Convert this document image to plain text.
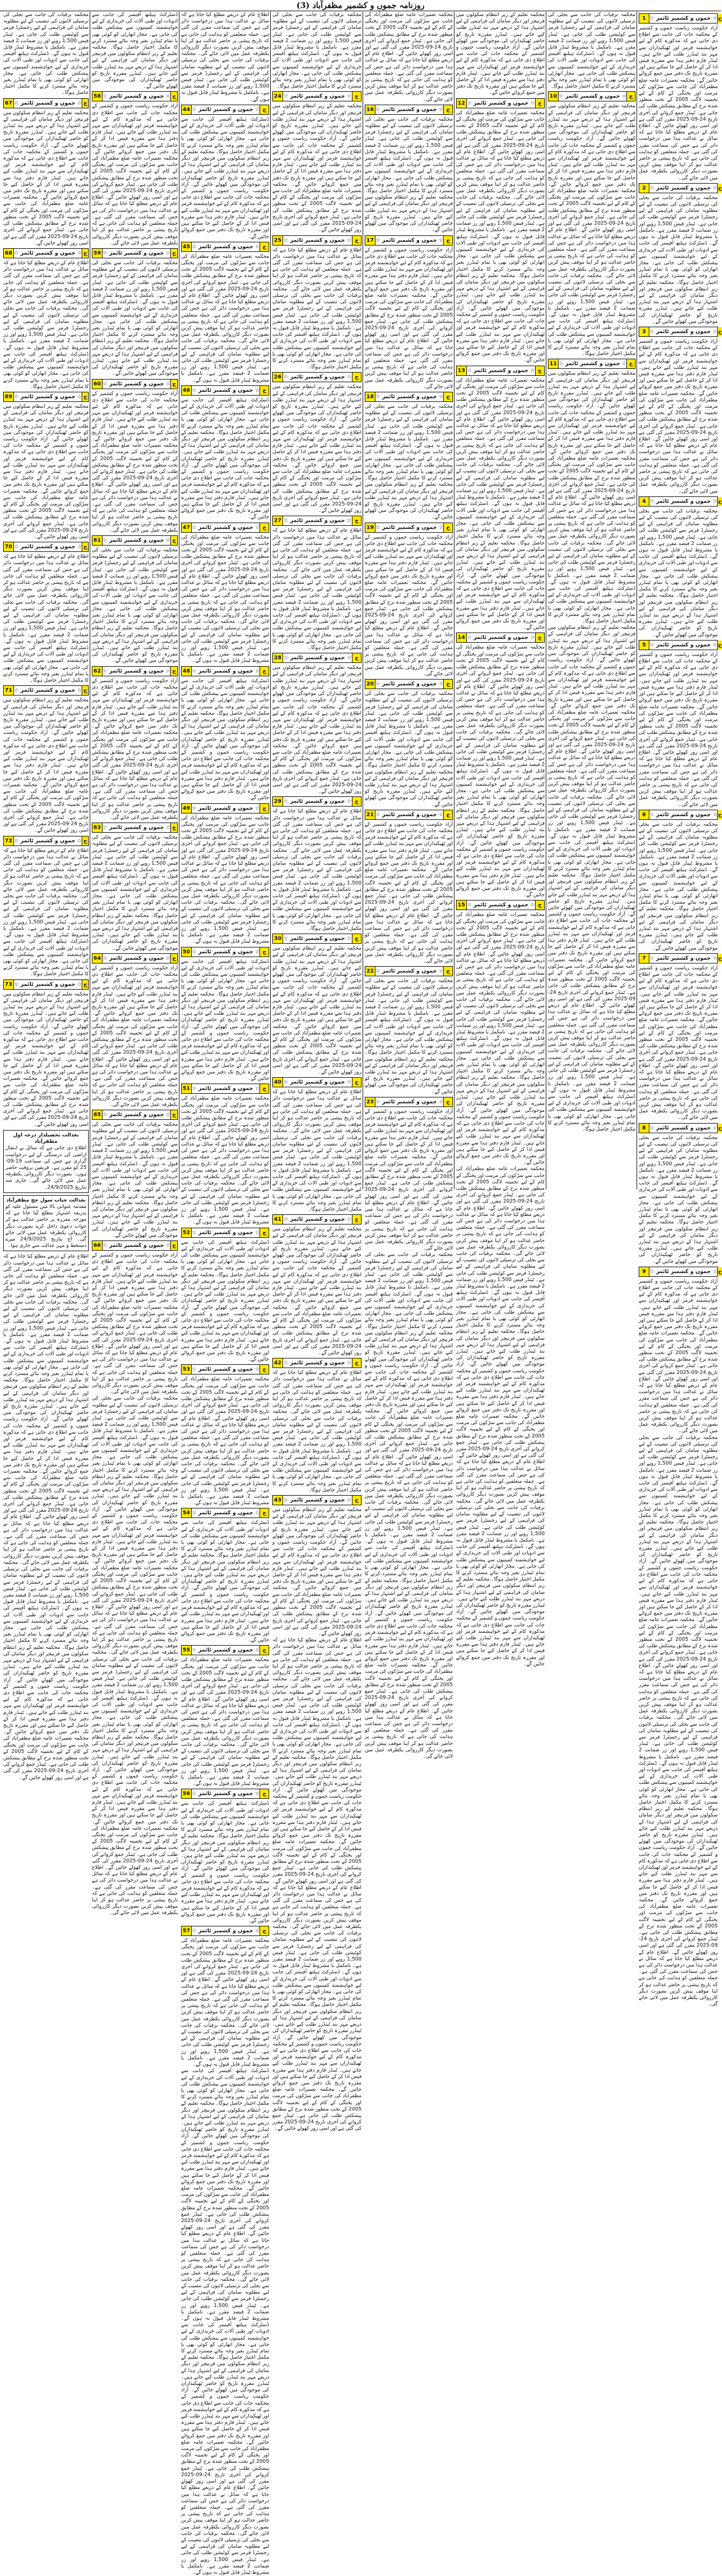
روزنامہ جموں و کشمیر مظفرآباد (3)
1 ☆ جموں و کشمیر ٹائمز ☆ ج
آزاد حکومت ریاست جموں و کشمیر کے محکمہ جات کی جانب سے اطلاع دی جاتی ہے کہ مذکورہ کام کے لیے خواہشمند فرمز اور ٹھیکیداران سے مہر بند ٹینڈرز طلب کیے جاتے ہیں۔ ٹینڈر فارم دفتر ہذا سے مقررہ فیس ادا کر کے حاصل کیے جا سکتے ہیں اور مقررہ تاریخ تک دفتر میں جمع کروائے جائیں گے۔ محکمہ تعمیرات عامہ ضلع مظفرآباد کی جانب سے سڑکوں کی مرمت اور پختگی کے کام کے لیے تخمینہ لاگت 2005 کے تحت منظور شدہ نرخ کے مطابق پیشکش طلب کی جاتی ہے۔ ٹینڈر جمع کروانے کی آخری تاریخ 24-09-2025 مقرر کی گئی ہے اور اسی روز کھولے جائیں گے۔ اطلاع عام کے ذریعے مطلع کیا جاتا ہے کہ سائل نے عدالت ہذا میں درخواست دائر کی ہے جس کی سماعت مقرر کی گئی ہے۔ جملہ متعلقین کو ہدایت کی جاتی ہے کہ تاریخ پیشی پر حاضر عدالت ہو کر اپنا موقف پیش کریں بصورت دیگر کارروائی یکطرفہ عمل میں لائی جائے گی۔
2 ☆ جموں و کشمیر ٹائمز ☆ ج
محکمہ برقیات کی جانب سے بجلی کی ترسیلی لائنوں کی تنصیب کے لیے مطلوبہ سامان کی فراہمی کے لیے رجسٹرڈ فرمز سے کوٹیشن طلب کی جاتی ہے۔ ٹینڈر فیس 1,500 روپے اور زر ضمانت 2 فیصد مقرر ہے۔ نامکمل یا مشروط ٹینڈر قابل قبول نہ ہوں گے۔ ڈسٹرکٹ ہیلتھ آفیسر کی جانب سے ادویات اور طبی آلات کی خریداری کے لیے خواہشمند کمپنیوں سے پیشکش طلب کی جاتی ہے۔ مجاز اتھارٹی کو کوئی بھی یا تمام ٹینڈرز بغیر وجہ بتائے مسترد کرنے کا مکمل اختیار حاصل ہوگا۔ محکمہ تعلیم کے زیر انتظام سکولوں میں فرنیچر اور دیگر سامان کی فراہمی کے لیے اشتہار ہذا کے ذریعے مہر بند ٹینڈرز طلب کیے جاتے ہیں۔ ٹینڈرز مقررہ تاریخ کو حاضر ٹھیکیداران کی موجودگی میں کھولے جائیں گے۔
3 ☆ جموں و کشمیر ٹائمز ☆ ج
آزاد حکومت ریاست جموں و کشمیر کے محکمہ جات کی جانب سے اطلاع دی جاتی ہے کہ مذکورہ کام کے لیے خواہشمند فرمز اور ٹھیکیداران سے مہر بند ٹینڈرز طلب کیے جاتے ہیں۔ ٹینڈر فارم دفتر ہذا سے مقررہ فیس ادا کر کے حاصل کیے جا سکتے ہیں اور مقررہ تاریخ تک دفتر میں جمع کروائے جائیں گے۔ محکمہ تعمیرات عامہ ضلع مظفرآباد کی جانب سے سڑکوں کی مرمت اور پختگی کے کام کے لیے تخمینہ لاگت 2005 کے تحت منظور شدہ نرخ کے مطابق پیشکش طلب کی جاتی ہے۔ ٹینڈر جمع کروانے کی آخری تاریخ 24-09-2025 مقرر کی گئی ہے اور اسی روز کھولے جائیں گے۔ اطلاع عام کے ذریعے مطلع کیا جاتا ہے کہ سائل نے عدالت ہذا میں درخواست دائر کی ہے جس کی سماعت مقرر کی گئی ہے۔ جملہ متعلقین کو ہدایت کی جاتی ہے کہ تاریخ پیشی پر حاضر عدالت ہو کر اپنا موقف پیش کریں بصورت دیگر کارروائی یکطرفہ عمل میں لائی جائے گی۔
4 ☆ جموں و کشمیر ٹائمز ☆ ج
محکمہ برقیات کی جانب سے بجلی کی ترسیلی لائنوں کی تنصیب کے لیے مطلوبہ سامان کی فراہمی کے لیے رجسٹرڈ فرمز سے کوٹیشن طلب کی جاتی ہے۔ ٹینڈر فیس 1,500 روپے اور زر ضمانت 2 فیصد مقرر ہے۔ نامکمل یا مشروط ٹینڈر قابل قبول نہ ہوں گے۔ ڈسٹرکٹ ہیلتھ آفیسر کی جانب سے ادویات اور طبی آلات کی خریداری کے لیے خواہشمند کمپنیوں سے پیشکش طلب کی جاتی ہے۔ مجاز اتھارٹی کو کوئی بھی یا تمام ٹینڈرز بغیر وجہ بتائے مسترد کرنے کا مکمل اختیار حاصل ہوگا۔ محکمہ تعلیم کے زیر انتظام سکولوں میں فرنیچر اور دیگر سامان کی فراہمی کے لیے اشتہار ہذا کے ذریعے مہر بند ٹینڈرز طلب کیے جاتے ہیں۔ ٹینڈرز مقررہ تاریخ کو حاضر ٹھیکیداران کی موجودگی میں کھولے جائیں گے۔
5 ☆ جموں و کشمیر ٹائمز ☆ ج
آزاد حکومت ریاست جموں و کشمیر کے محکمہ جات کی جانب سے اطلاع دی جاتی ہے کہ مذکورہ کام کے لیے خواہشمند فرمز اور ٹھیکیداران سے مہر بند ٹینڈرز طلب کیے جاتے ہیں۔ ٹینڈر فارم دفتر ہذا سے مقررہ فیس ادا کر کے حاصل کیے جا سکتے ہیں اور مقررہ تاریخ تک دفتر میں جمع کروائے جائیں گے۔ محکمہ تعمیرات عامہ ضلع مظفرآباد کی جانب سے سڑکوں کی مرمت اور پختگی کے کام کے لیے تخمینہ لاگت 2005 کے تحت منظور شدہ نرخ کے مطابق پیشکش طلب کی جاتی ہے۔ ٹینڈر جمع کروانے کی آخری تاریخ 24-09-2025 مقرر کی گئی ہے اور اسی روز کھولے جائیں گے۔ اطلاع عام کے ذریعے مطلع کیا جاتا ہے کہ سائل نے عدالت ہذا میں درخواست دائر کی ہے جس کی سماعت مقرر کی گئی ہے۔ جملہ متعلقین کو ہدایت کی جاتی ہے کہ تاریخ پیشی پر حاضر عدالت ہو کر اپنا موقف پیش کریں بصورت دیگر کارروائی یکطرفہ عمل میں لائی جائے گی۔
6 ☆ جموں و کشمیر ٹائمز ☆ ج
محکمہ برقیات کی جانب سے بجلی کی ترسیلی لائنوں کی تنصیب کے لیے مطلوبہ سامان کی فراہمی کے لیے رجسٹرڈ فرمز سے کوٹیشن طلب کی جاتی ہے۔ ٹینڈر فیس 1,500 روپے اور زر ضمانت 2 فیصد مقرر ہے۔ نامکمل یا مشروط ٹینڈر قابل قبول نہ ہوں گے۔ ڈسٹرکٹ ہیلتھ آفیسر کی جانب سے ادویات اور طبی آلات کی خریداری کے لیے خواہشمند کمپنیوں سے پیشکش طلب کی جاتی ہے۔ مجاز اتھارٹی کو کوئی بھی یا تمام ٹینڈرز بغیر وجہ بتائے مسترد کرنے کا مکمل اختیار حاصل ہوگا۔ محکمہ تعلیم کے زیر انتظام سکولوں میں فرنیچر اور دیگر سامان کی فراہمی کے لیے اشتہار ہذا کے ذریعے مہر بند ٹینڈرز طلب کیے جاتے ہیں۔ ٹینڈرز مقررہ تاریخ کو حاضر ٹھیکیداران کی موجودگی میں کھولے جائیں گے۔
7 ☆ جموں و کشمیر ٹائمز ☆ ج
آزاد حکومت ریاست جموں و کشمیر کے محکمہ جات کی جانب سے اطلاع دی جاتی ہے کہ مذکورہ کام کے لیے خواہشمند فرمز اور ٹھیکیداران سے مہر بند ٹینڈرز طلب کیے جاتے ہیں۔ ٹینڈر فارم دفتر ہذا سے مقررہ فیس ادا کر کے حاصل کیے جا سکتے ہیں اور مقررہ تاریخ تک دفتر میں جمع کروائے جائیں گے۔ محکمہ تعمیرات عامہ ضلع مظفرآباد کی جانب سے سڑکوں کی مرمت اور پختگی کے کام کے لیے تخمینہ لاگت 2005 کے تحت منظور شدہ نرخ کے مطابق پیشکش طلب کی جاتی ہے۔ ٹینڈر جمع کروانے کی آخری تاریخ 24-09-2025 مقرر کی گئی ہے اور اسی روز کھولے جائیں گے۔ اطلاع عام کے ذریعے مطلع کیا جاتا ہے کہ سائل نے عدالت ہذا میں درخواست دائر کی ہے جس کی سماعت مقرر کی گئی ہے۔ جملہ متعلقین کو ہدایت کی جاتی ہے کہ تاریخ پیشی پر حاضر عدالت ہو کر اپنا موقف پیش کریں بصورت دیگر کارروائی یکطرفہ عمل میں لائی جائے گی۔
8 ☆ جموں و کشمیر ٹائمز ☆ ج
محکمہ برقیات کی جانب سے بجلی کی ترسیلی لائنوں کی تنصیب کے لیے مطلوبہ سامان کی فراہمی کے لیے رجسٹرڈ فرمز سے کوٹیشن طلب کی جاتی ہے۔ ٹینڈر فیس 1,500 روپے اور زر ضمانت 2 فیصد مقرر ہے۔ نامکمل یا مشروط ٹینڈر قابل قبول نہ ہوں گے۔ ڈسٹرکٹ ہیلتھ آفیسر کی جانب سے ادویات اور طبی آلات کی خریداری کے لیے خواہشمند کمپنیوں سے پیشکش طلب کی جاتی ہے۔ مجاز اتھارٹی کو کوئی بھی یا تمام ٹینڈرز بغیر وجہ بتائے مسترد کرنے کا مکمل اختیار حاصل ہوگا۔ محکمہ تعلیم کے زیر انتظام سکولوں میں فرنیچر اور دیگر سامان کی فراہمی کے لیے اشتہار ہذا کے ذریعے مہر بند ٹینڈرز طلب کیے جاتے ہیں۔ ٹینڈرز مقررہ تاریخ کو حاضر ٹھیکیداران کی موجودگی میں کھولے جائیں گے۔
9 ☆ جموں و کشمیر ٹائمز ☆ ج
آزاد حکومت ریاست جموں و کشمیر کے محکمہ جات کی جانب سے اطلاع دی جاتی ہے کہ مذکورہ کام کے لیے خواہشمند فرمز اور ٹھیکیداران سے مہر بند ٹینڈرز طلب کیے جاتے ہیں۔ ٹینڈر فارم دفتر ہذا سے مقررہ فیس ادا کر کے حاصل کیے جا سکتے ہیں اور مقررہ تاریخ تک دفتر میں جمع کروائے جائیں گے۔ محکمہ تعمیرات عامہ ضلع مظفرآباد کی جانب سے سڑکوں کی مرمت اور پختگی کے کام کے لیے تخمینہ لاگت 2005 کے تحت منظور شدہ نرخ کے مطابق پیشکش طلب کی جاتی ہے۔ ٹینڈر جمع کروانے کی آخری تاریخ 24-09-2025 مقرر کی گئی ہے اور اسی روز کھولے جائیں گے۔ اطلاع عام کے ذریعے مطلع کیا جاتا ہے کہ سائل نے عدالت ہذا میں درخواست دائر کی ہے جس کی سماعت مقرر کی گئی ہے۔ جملہ متعلقین کو ہدایت کی جاتی ہے کہ تاریخ پیشی پر حاضر عدالت ہو کر اپنا موقف پیش کریں بصورت دیگر کارروائی یکطرفہ عمل میں لائی جائے گی۔
محکمہ برقیات کی جانب سے بجلی کی ترسیلی لائنوں کی تنصیب کے لیے مطلوبہ سامان کی فراہمی کے لیے رجسٹرڈ فرمز سے کوٹیشن طلب کی جاتی ہے۔ ٹینڈر فیس 1,500 روپے اور زر ضمانت 2 فیصد مقرر ہے۔ نامکمل یا مشروط ٹینڈر قابل قبول نہ ہوں گے۔ ڈسٹرکٹ ہیلتھ آفیسر کی جانب سے ادویات اور طبی آلات کی خریداری کے لیے خواہشمند کمپنیوں سے پیشکش طلب کی جاتی ہے۔ مجاز اتھارٹی کو کوئی بھی یا تمام ٹینڈرز بغیر وجہ بتائے مسترد کرنے کا مکمل اختیار حاصل ہوگا۔ محکمہ تعلیم کے زیر انتظام سکولوں میں فرنیچر اور دیگر سامان کی فراہمی کے لیے اشتہار ہذا کے ذریعے مہر بند ٹینڈرز طلب کیے جاتے ہیں۔ ٹینڈرز مقررہ تاریخ کو حاضر ٹھیکیداران کی موجودگی میں کھولے جائیں گے۔ آزاد حکومت ریاست جموں و کشمیر کے محکمہ جات کی جانب سے اطلاع دی جاتی ہے کہ مذکورہ کام کے لیے خواہشمند فرمز اور ٹھیکیداران سے مہر بند ٹینڈرز طلب کیے جاتے ہیں۔ ٹینڈر فارم دفتر ہذا سے مقررہ فیس ادا کر کے حاصل کیے جا سکتے ہیں اور مقررہ تاریخ تک دفتر میں جمع کروائے جائیں گے۔ محکمہ تعمیرات عامہ ضلع مظفرآباد کی جانب سے سڑکوں کی مرمت اور پختگی کے کام کے لیے تخمینہ لاگت 2005 کے تحت منظور شدہ نرخ کے مطابق پیشکش طلب کی جاتی ہے۔ ٹینڈر جمع کروانے کی آخری تاریخ 24-09-2025 مقرر کی گئی ہے اور اسی روز کھولے جائیں گے۔ اطلاع عام کے ذریعے مطلع کیا جاتا ہے کہ سائل نے عدالت ہذا میں درخواست دائر کی ہے جس کی سماعت مقرر کی گئی ہے۔ جملہ متعلقین کو ہدایت کی جاتی ہے کہ تاریخ پیشی پر حاضر عدالت ہو کر اپنا موقف پیش کریں بصورت دیگر کارروائی یکطرفہ عمل میں لائی جائے گی۔ محکمہ برقیات کی جانب سے بجلی کی ترسیلی لائنوں کی تنصیب کے لیے مطلوبہ سامان کی فراہمی کے لیے رجسٹرڈ فرمز سے کوٹیشن طلب کی جاتی ہے۔ ٹینڈر فیس 1,500 روپے اور زر ضمانت 2 فیصد مقرر ہے۔ نامکمل یا مشروط ٹینڈر قابل قبول نہ ہوں گے۔ ڈسٹرکٹ ہیلتھ آفیسر کی جانب سے ادویات اور طبی آلات کی خریداری کے لیے خواہشمند کمپنیوں سے پیشکش طلب کی جاتی ہے۔ مجاز اتھارٹی کو کوئی بھی یا تمام ٹینڈرز بغیر وجہ بتائے مسترد کرنے کا مکمل اختیار حاصل ہوگا۔ محکمہ تعلیم کے زیر انتظام سکولوں میں فرنیچر اور دیگر سامان کی فراہمی کے لیے اشتہار ہذا کے ذریعے مہر بند ٹینڈرز طلب کیے جاتے ہیں۔ ٹینڈرز مقررہ تاریخ کو حاضر ٹھیکیداران کی موجودگی میں کھولے جائیں گے۔ آزاد حکومت ریاست جموں و کشمیر کے محکمہ جات کی جانب سے اطلاع دی جاتی ہے کہ مذکورہ کام کے لیے خواہشمند فرمز اور ٹھیکیداران سے مہر بند ٹینڈرز طلب کیے جاتے ہیں۔ ٹینڈر فارم دفتر ہذا سے مقررہ فیس ادا کر کے حاصل کیے جا سکتے ہیں اور مقررہ تاریخ تک دفتر میں جمع کروائے جائیں گے۔ محکمہ تعمیرات عامہ ضلع مظفرآباد کی جانب سے سڑکوں کی مرمت اور پختگی کے کام کے لیے تخمینہ لاگت 2005 کے تحت منظور شدہ نرخ کے مطابق پیشکش طلب کی جاتی ہے۔ ٹینڈر جمع کروانے کی آخری تاریخ 24-09-2025 مقرر کی گئی ہے اور اسی روز کھولے جائیں گے۔ اطلاع عام کے ذریعے مطلع کیا جاتا ہے کہ سائل نے عدالت ہذا میں درخواست دائر کی ہے جس کی سماعت مقرر کی گئی ہے۔ جملہ متعلقین کو ہدایت کی جاتی ہے کہ تاریخ پیشی پر حاضر عدالت ہو کر اپنا موقف پیش کریں بصورت دیگر کارروائی یکطرفہ عمل میں لائی جائے گی۔
محکمہ برقیات کی جانب سے بجلی کی ترسیلی لائنوں کی تنصیب کے لیے مطلوبہ سامان کی فراہمی کے لیے رجسٹرڈ فرمز سے کوٹیشن طلب کی جاتی ہے۔ ٹینڈر فیس 1,500 روپے اور زر ضمانت 2 فیصد مقرر ہے۔ نامکمل یا مشروط ٹینڈر قابل قبول نہ ہوں گے۔ ڈسٹرکٹ ہیلتھ آفیسر کی جانب سے ادویات اور طبی آلات کی خریداری کے لیے خواہشمند کمپنیوں سے پیشکش طلب کی جاتی ہے۔ مجاز اتھارٹی کو کوئی بھی یا تمام ٹینڈرز بغیر وجہ بتائے مسترد کرنے کا مکمل اختیار حاصل ہوگا۔
10 ☆ جموں و کشمیر ٹائمز ☆ ج
محکمہ تعلیم کے زیر انتظام سکولوں میں فرنیچر اور دیگر سامان کی فراہمی کے لیے اشتہار ہذا کے ذریعے مہر بند ٹینڈرز طلب کیے جاتے ہیں۔ ٹینڈرز مقررہ تاریخ کو حاضر ٹھیکیداران کی موجودگی میں کھولے جائیں گے۔ آزاد حکومت ریاست جموں و کشمیر کے محکمہ جات کی جانب سے اطلاع دی جاتی ہے کہ مذکورہ کام کے لیے خواہشمند فرمز اور ٹھیکیداران سے مہر بند ٹینڈرز طلب کیے جاتے ہیں۔ ٹینڈر فارم دفتر ہذا سے مقررہ فیس ادا کر کے حاصل کیے جا سکتے ہیں اور مقررہ تاریخ تک دفتر میں جمع کروائے جائیں گے۔ محکمہ تعمیرات عامہ ضلع مظفرآباد کی جانب سے سڑکوں کی مرمت اور پختگی کے کام کے لیے تخمینہ لاگت 2005 کے تحت منظور شدہ نرخ کے مطابق پیشکش طلب کی جاتی ہے۔ ٹینڈر جمع کروانے کی آخری تاریخ 24-09-2025 مقرر کی گئی ہے اور اسی روز کھولے جائیں گے۔ اطلاع عام کے ذریعے مطلع کیا جاتا ہے کہ سائل نے عدالت ہذا میں درخواست دائر کی ہے جس کی سماعت مقرر کی گئی ہے۔ جملہ متعلقین کو ہدایت کی جاتی ہے کہ تاریخ پیشی پر حاضر عدالت ہو کر اپنا موقف پیش کریں بصورت دیگر کارروائی یکطرفہ عمل میں لائی جائے گی۔ محکمہ برقیات کی جانب سے بجلی کی ترسیلی لائنوں کی تنصیب کے لیے مطلوبہ سامان کی فراہمی کے لیے رجسٹرڈ فرمز سے کوٹیشن طلب کی جاتی ہے۔ ٹینڈر فیس 1,500 روپے اور زر ضمانت 2 فیصد مقرر ہے۔ نامکمل یا مشروط ٹینڈر قابل قبول نہ ہوں گے۔ ڈسٹرکٹ ہیلتھ آفیسر کی جانب سے ادویات اور طبی آلات کی خریداری کے لیے خواہشمند کمپنیوں سے پیشکش طلب کی جاتی ہے۔ مجاز اتھارٹی کو کوئی بھی یا تمام ٹینڈرز بغیر وجہ بتائے مسترد کرنے کا مکمل اختیار حاصل ہوگا۔
11 ☆ جموں و کشمیر ٹائمز ☆ ج
محکمہ تعلیم کے زیر انتظام سکولوں میں فرنیچر اور دیگر سامان کی فراہمی کے لیے اشتہار ہذا کے ذریعے مہر بند ٹینڈرز طلب کیے جاتے ہیں۔ ٹینڈرز مقررہ تاریخ کو حاضر ٹھیکیداران کی موجودگی میں کھولے جائیں گے۔ آزاد حکومت ریاست جموں و کشمیر کے محکمہ جات کی جانب سے اطلاع دی جاتی ہے کہ مذکورہ کام کے لیے خواہشمند فرمز اور ٹھیکیداران سے مہر بند ٹینڈرز طلب کیے جاتے ہیں۔ ٹینڈر فارم دفتر ہذا سے مقررہ فیس ادا کر کے حاصل کیے جا سکتے ہیں اور مقررہ تاریخ تک دفتر میں جمع کروائے جائیں گے۔ محکمہ تعمیرات عامہ ضلع مظفرآباد کی جانب سے سڑکوں کی مرمت اور پختگی کے کام کے لیے تخمینہ لاگت 2005 کے تحت منظور شدہ نرخ کے مطابق پیشکش طلب کی جاتی ہے۔ ٹینڈر جمع کروانے کی آخری تاریخ 24-09-2025 مقرر کی گئی ہے اور اسی روز کھولے جائیں گے۔ اطلاع عام کے ذریعے مطلع کیا جاتا ہے کہ سائل نے عدالت ہذا میں درخواست دائر کی ہے جس کی سماعت مقرر کی گئی ہے۔ جملہ متعلقین کو ہدایت کی جاتی ہے کہ تاریخ پیشی پر حاضر عدالت ہو کر اپنا موقف پیش کریں بصورت دیگر کارروائی یکطرفہ عمل میں لائی جائے گی۔ محکمہ برقیات کی جانب سے بجلی کی ترسیلی لائنوں کی تنصیب کے لیے مطلوبہ سامان کی فراہمی کے لیے رجسٹرڈ فرمز سے کوٹیشن طلب کی جاتی ہے۔ ٹینڈر فیس 1,500 روپے اور زر ضمانت 2 فیصد مقرر ہے۔ نامکمل یا مشروط ٹینڈر قابل قبول نہ ہوں گے۔ ڈسٹرکٹ ہیلتھ آفیسر کی جانب سے ادویات اور طبی آلات کی خریداری کے لیے خواہشمند کمپنیوں سے پیشکش طلب کی جاتی ہے۔ مجاز اتھارٹی کو کوئی بھی یا تمام ٹینڈرز بغیر وجہ بتائے مسترد کرنے کا مکمل اختیار حاصل ہوگا۔
محکمہ تعلیم کے زیر انتظام سکولوں میں فرنیچر اور دیگر سامان کی فراہمی کے لیے اشتہار ہذا کے ذریعے مہر بند ٹینڈرز طلب کیے جاتے ہیں۔ ٹینڈرز مقررہ تاریخ کو حاضر ٹھیکیداران کی موجودگی میں کھولے جائیں گے۔ آزاد حکومت ریاست جموں و کشمیر کے محکمہ جات کی جانب سے اطلاع دی جاتی ہے کہ مذکورہ کام کے لیے خواہشمند فرمز اور ٹھیکیداران سے مہر بند ٹینڈرز طلب کیے جاتے ہیں۔ ٹینڈر فارم دفتر ہذا سے مقررہ فیس ادا کر کے حاصل کیے جا سکتے ہیں اور مقررہ تاریخ تک دفتر میں جمع کروائے جائیں گے۔ محکمہ تعمیرات عامہ ضلع مظفرآباد کی جانب سے سڑکوں کی مرمت اور پختگی کے کام کے لیے تخمینہ لاگت 2005 کے تحت منظور شدہ نرخ کے مطابق پیشکش طلب کی جاتی ہے۔ ٹینڈر جمع کروانے کی آخری تاریخ 24-09-2025 مقرر کی گئی ہے اور اسی روز کھولے جائیں گے۔ اطلاع عام کے ذریعے مطلع کیا جاتا ہے کہ سائل نے عدالت ہذا میں درخواست دائر کی ہے جس کی سماعت مقرر کی گئی ہے۔ جملہ متعلقین کو ہدایت کی جاتی ہے کہ تاریخ پیشی پر حاضر عدالت ہو کر اپنا موقف پیش کریں بصورت دیگر کارروائی یکطرفہ عمل میں لائی جائے گی۔ محکمہ برقیات کی جانب سے بجلی کی ترسیلی لائنوں کی تنصیب کے لیے مطلوبہ سامان کی فراہمی کے لیے رجسٹرڈ فرمز سے کوٹیشن طلب کی جاتی ہے۔ ٹینڈر فیس 1,500 روپے اور زر ضمانت 2 فیصد مقرر ہے۔ نامکمل یا مشروط ٹینڈر قابل قبول نہ ہوں گے۔ ڈسٹرکٹ ہیلتھ آفیسر کی جانب سے ادویات اور طبی آلات کی خریداری کے لیے خواہشمند کمپنیوں سے پیشکش طلب کی جاتی ہے۔ مجاز اتھارٹی کو کوئی بھی یا تمام ٹینڈرز بغیر وجہ بتائے مسترد کرنے کا مکمل اختیار حاصل ہوگا۔ محکمہ تعلیم کے زیر انتظام سکولوں میں فرنیچر اور دیگر سامان کی فراہمی کے لیے اشتہار ہذا کے ذریعے مہر بند ٹینڈرز طلب کیے جاتے ہیں۔ ٹینڈرز مقررہ تاریخ کو حاضر ٹھیکیداران کی موجودگی میں کھولے جائیں گے۔ آزاد حکومت ریاست جموں و کشمیر کے محکمہ جات کی جانب سے اطلاع دی جاتی ہے کہ مذکورہ کام کے لیے خواہشمند فرمز اور ٹھیکیداران سے مہر بند ٹینڈرز طلب کیے جاتے ہیں۔ ٹینڈر فارم دفتر ہذا سے مقررہ فیس ادا کر کے حاصل کیے جا سکتے ہیں اور مقررہ تاریخ تک دفتر میں جمع کروائے جائیں گے۔ محکمہ تعمیرات عامہ ضلع مظفرآباد کی جانب سے سڑکوں کی مرمت اور پختگی کے کام کے لیے تخمینہ لاگت 2005 کے تحت منظور شدہ نرخ کے مطابق پیشکش طلب کی جاتی ہے۔ ٹینڈر جمع کروانے کی آخری تاریخ 24-09-2025 مقرر کی گئی ہے اور اسی روز کھولے جائیں گے۔ اطلاع عام کے ذریعے مطلع کیا جاتا ہے کہ سائل نے عدالت ہذا میں درخواست دائر کی ہے جس کی سماعت مقرر کی گئی ہے۔ جملہ متعلقین کو ہدایت کی جاتی ہے کہ تاریخ پیشی پر حاضر عدالت ہو کر اپنا موقف پیش کریں بصورت دیگر کارروائی یکطرفہ عمل میں لائی جائے گی۔ محکمہ برقیات کی جانب سے بجلی کی ترسیلی لائنوں کی تنصیب کے لیے مطلوبہ سامان کی فراہمی کے لیے رجسٹرڈ فرمز سے کوٹیشن طلب کی جاتی ہے۔ ٹینڈر فیس 1,500 روپے اور زر ضمانت 2 فیصد مقرر ہے۔ نامکمل یا مشروط ٹینڈر قابل قبول نہ ہوں گے۔ ڈسٹرکٹ ہیلتھ آفیسر کی جانب سے ادویات اور طبی آلات کی خریداری کے لیے خواہشمند کمپنیوں سے پیشکش طلب کی جاتی ہے۔ مجاز اتھارٹی کو کوئی بھی یا تمام ٹینڈرز بغیر وجہ بتائے مسترد کرنے کا مکمل اختیار حاصل ہوگا۔
محکمہ تعلیم کے زیر انتظام سکولوں میں فرنیچر اور دیگر سامان کی فراہمی کے لیے اشتہار ہذا کے ذریعے مہر بند ٹینڈرز طلب کیے جاتے ہیں۔ ٹینڈرز مقررہ تاریخ کو حاضر ٹھیکیداران کی موجودگی میں کھولے جائیں گے۔ آزاد حکومت ریاست جموں و کشمیر کے محکمہ جات کی جانب سے اطلاع دی جاتی ہے کہ مذکورہ کام کے لیے خواہشمند فرمز اور ٹھیکیداران سے مہر بند ٹینڈرز طلب کیے جاتے ہیں۔ ٹینڈر فارم دفتر ہذا سے مقررہ فیس ادا کر کے حاصل کیے جا سکتے ہیں اور مقررہ تاریخ تک دفتر میں جمع کروائے جائیں گے۔
12 ☆ جموں و کشمیر ٹائمز ☆ ج
محکمہ تعمیرات عامہ ضلع مظفرآباد کی جانب سے سڑکوں کی مرمت اور پختگی کے کام کے لیے تخمینہ لاگت 2005 کے تحت منظور شدہ نرخ کے مطابق پیشکش طلب کی جاتی ہے۔ ٹینڈر جمع کروانے کی آخری تاریخ 24-09-2025 مقرر کی گئی ہے اور اسی روز کھولے جائیں گے۔ اطلاع عام کے ذریعے مطلع کیا جاتا ہے کہ سائل نے عدالت ہذا میں درخواست دائر کی ہے جس کی سماعت مقرر کی گئی ہے۔ جملہ متعلقین کو ہدایت کی جاتی ہے کہ تاریخ پیشی پر حاضر عدالت ہو کر اپنا موقف پیش کریں بصورت دیگر کارروائی یکطرفہ عمل میں لائی جائے گی۔ محکمہ برقیات کی جانب سے بجلی کی ترسیلی لائنوں کی تنصیب کے لیے مطلوبہ سامان کی فراہمی کے لیے رجسٹرڈ فرمز سے کوٹیشن طلب کی جاتی ہے۔ ٹینڈر فیس 1,500 روپے اور زر ضمانت 2 فیصد مقرر ہے۔ نامکمل یا مشروط ٹینڈر قابل قبول نہ ہوں گے۔ ڈسٹرکٹ ہیلتھ آفیسر کی جانب سے ادویات اور طبی آلات کی خریداری کے لیے خواہشمند کمپنیوں سے پیشکش طلب کی جاتی ہے۔ مجاز اتھارٹی کو کوئی بھی یا تمام ٹینڈرز بغیر وجہ بتائے مسترد کرنے کا مکمل اختیار حاصل ہوگا۔ محکمہ تعلیم کے زیر انتظام سکولوں میں فرنیچر اور دیگر سامان کی فراہمی کے لیے اشتہار ہذا کے ذریعے مہر بند ٹینڈرز طلب کیے جاتے ہیں۔ ٹینڈرز مقررہ تاریخ کو حاضر ٹھیکیداران کی موجودگی میں کھولے جائیں گے۔ آزاد حکومت ریاست جموں و کشمیر کے محکمہ جات کی جانب سے اطلاع دی جاتی ہے کہ مذکورہ کام کے لیے خواہشمند فرمز اور ٹھیکیداران سے مہر بند ٹینڈرز طلب کیے جاتے ہیں۔ ٹینڈر فارم دفتر ہذا سے مقررہ فیس ادا کر کے حاصل کیے جا سکتے ہیں اور مقررہ تاریخ تک دفتر میں جمع کروائے جائیں گے۔
13 ☆ جموں و کشمیر ٹائمز ☆ ج
محکمہ تعمیرات عامہ ضلع مظفرآباد کی جانب سے سڑکوں کی مرمت اور پختگی کے کام کے لیے تخمینہ لاگت 2005 کے تحت منظور شدہ نرخ کے مطابق پیشکش طلب کی جاتی ہے۔ ٹینڈر جمع کروانے کی آخری تاریخ 24-09-2025 مقرر کی گئی ہے اور اسی روز کھولے جائیں گے۔ اطلاع عام کے ذریعے مطلع کیا جاتا ہے کہ سائل نے عدالت ہذا میں درخواست دائر کی ہے جس کی سماعت مقرر کی گئی ہے۔ جملہ متعلقین کو ہدایت کی جاتی ہے کہ تاریخ پیشی پر حاضر عدالت ہو کر اپنا موقف پیش کریں بصورت دیگر کارروائی یکطرفہ عمل میں لائی جائے گی۔ محکمہ برقیات کی جانب سے بجلی کی ترسیلی لائنوں کی تنصیب کے لیے مطلوبہ سامان کی فراہمی کے لیے رجسٹرڈ فرمز سے کوٹیشن طلب کی جاتی ہے۔ ٹینڈر فیس 1,500 روپے اور زر ضمانت 2 فیصد مقرر ہے۔ نامکمل یا مشروط ٹینڈر قابل قبول نہ ہوں گے۔ ڈسٹرکٹ ہیلتھ آفیسر کی جانب سے ادویات اور طبی آلات کی خریداری کے لیے خواہشمند کمپنیوں سے پیشکش طلب کی جاتی ہے۔ مجاز اتھارٹی کو کوئی بھی یا تمام ٹینڈرز بغیر وجہ بتائے مسترد کرنے کا مکمل اختیار حاصل ہوگا۔ محکمہ تعلیم کے زیر انتظام سکولوں میں فرنیچر اور دیگر سامان کی فراہمی کے لیے اشتہار ہذا کے ذریعے مہر بند ٹینڈرز طلب کیے جاتے ہیں۔ ٹینڈرز مقررہ تاریخ کو حاضر ٹھیکیداران کی موجودگی میں کھولے جائیں گے۔ آزاد حکومت ریاست جموں و کشمیر کے محکمہ جات کی جانب سے اطلاع دی جاتی ہے کہ مذکورہ کام کے لیے خواہشمند فرمز اور ٹھیکیداران سے مہر بند ٹینڈرز طلب کیے جاتے ہیں۔ ٹینڈر فارم دفتر ہذا سے مقررہ فیس ادا کر کے حاصل کیے جا سکتے ہیں اور مقررہ تاریخ تک دفتر میں جمع کروائے جائیں گے۔
14 ☆ جموں و کشمیر ٹائمز ☆ ج
محکمہ تعمیرات عامہ ضلع مظفرآباد کی جانب سے سڑکوں کی مرمت اور پختگی کے کام کے لیے تخمینہ لاگت 2005 کے تحت منظور شدہ نرخ کے مطابق پیشکش طلب کی جاتی ہے۔ ٹینڈر جمع کروانے کی آخری تاریخ 24-09-2025 مقرر کی گئی ہے اور اسی روز کھولے جائیں گے۔ اطلاع عام کے ذریعے مطلع کیا جاتا ہے کہ سائل نے عدالت ہذا میں درخواست دائر کی ہے جس کی سماعت مقرر کی گئی ہے۔ جملہ متعلقین کو ہدایت کی جاتی ہے کہ تاریخ پیشی پر حاضر عدالت ہو کر اپنا موقف پیش کریں بصورت دیگر کارروائی یکطرفہ عمل میں لائی جائے گی۔ محکمہ برقیات کی جانب سے بجلی کی ترسیلی لائنوں کی تنصیب کے لیے مطلوبہ سامان کی فراہمی کے لیے رجسٹرڈ فرمز سے کوٹیشن طلب کی جاتی ہے۔ ٹینڈر فیس 1,500 روپے اور زر ضمانت 2 فیصد مقرر ہے۔ نامکمل یا مشروط ٹینڈر قابل قبول نہ ہوں گے۔ ڈسٹرکٹ ہیلتھ آفیسر کی جانب سے ادویات اور طبی آلات کی خریداری کے لیے خواہشمند کمپنیوں سے پیشکش طلب کی جاتی ہے۔ مجاز اتھارٹی کو کوئی بھی یا تمام ٹینڈرز بغیر وجہ بتائے مسترد کرنے کا مکمل اختیار حاصل ہوگا۔ محکمہ تعلیم کے زیر انتظام سکولوں میں فرنیچر اور دیگر سامان کی فراہمی کے لیے اشتہار ہذا کے ذریعے مہر بند ٹینڈرز طلب کیے جاتے ہیں۔ ٹینڈرز مقررہ تاریخ کو حاضر ٹھیکیداران کی موجودگی میں کھولے جائیں گے۔ آزاد حکومت ریاست جموں و کشمیر کے محکمہ جات کی جانب سے اطلاع دی جاتی ہے کہ مذکورہ کام کے لیے خواہشمند فرمز اور ٹھیکیداران سے مہر بند ٹینڈرز طلب کیے جاتے ہیں۔ ٹینڈر فارم دفتر ہذا سے مقررہ فیس ادا کر کے حاصل کیے جا سکتے ہیں اور مقررہ تاریخ تک دفتر میں جمع کروائے جائیں گے۔
15 ☆ جموں و کشمیر ٹائمز ☆ ج
محکمہ تعمیرات عامہ ضلع مظفرآباد کی جانب سے سڑکوں کی مرمت اور پختگی کے کام کے لیے تخمینہ لاگت 2005 کے تحت منظور شدہ نرخ کے مطابق پیشکش طلب کی جاتی ہے۔ ٹینڈر جمع کروانے کی آخری تاریخ 24-09-2025 مقرر کی گئی ہے اور اسی روز کھولے جائیں گے۔ اطلاع عام کے ذریعے مطلع کیا جاتا ہے کہ سائل نے عدالت ہذا میں درخواست دائر کی ہے جس کی سماعت مقرر کی گئی ہے۔ جملہ متعلقین کو ہدایت کی جاتی ہے کہ تاریخ پیشی پر حاضر عدالت ہو کر اپنا موقف پیش کریں بصورت دیگر کارروائی یکطرفہ عمل میں لائی جائے گی۔ محکمہ برقیات کی جانب سے بجلی کی ترسیلی لائنوں کی تنصیب کے لیے مطلوبہ سامان کی فراہمی کے لیے رجسٹرڈ فرمز سے کوٹیشن طلب کی جاتی ہے۔ ٹینڈر فیس 1,500 روپے اور زر ضمانت 2 فیصد مقرر ہے۔ نامکمل یا مشروط ٹینڈر قابل قبول نہ ہوں گے۔ ڈسٹرکٹ ہیلتھ آفیسر کی جانب سے ادویات اور طبی آلات کی خریداری کے لیے خواہشمند کمپنیوں سے پیشکش طلب کی جاتی ہے۔ مجاز اتھارٹی کو کوئی بھی یا تمام ٹینڈرز بغیر وجہ بتائے مسترد کرنے کا مکمل اختیار حاصل ہوگا۔ محکمہ تعلیم کے زیر انتظام سکولوں میں فرنیچر اور دیگر سامان کی فراہمی کے لیے اشتہار ہذا کے ذریعے مہر بند ٹینڈرز طلب کیے جاتے ہیں۔ ٹینڈرز مقررہ تاریخ کو حاضر ٹھیکیداران کی موجودگی میں کھولے جائیں گے۔ آزاد حکومت ریاست جموں و کشمیر کے محکمہ جات کی جانب سے اطلاع دی جاتی ہے کہ مذکورہ کام کے لیے خواہشمند فرمز اور ٹھیکیداران سے مہر بند ٹینڈرز طلب کیے جاتے ہیں۔ ٹینڈر فارم دفتر ہذا سے مقررہ فیس ادا کر کے حاصل کیے جا سکتے ہیں اور مقررہ تاریخ تک دفتر میں جمع کروائے جائیں گے۔
محکمہ تعمیرات عامہ ضلع مظفرآباد کی جانب سے سڑکوں کی مرمت اور پختگی کے کام کے لیے تخمینہ لاگت 2005 کے تحت منظور شدہ نرخ کے مطابق پیشکش طلب کی جاتی ہے۔ ٹینڈر جمع کروانے کی آخری تاریخ 24-09-2025 مقرر کی گئی ہے اور اسی روز کھولے جائیں گے۔ اطلاع عام کے ذریعے مطلع کیا جاتا ہے کہ سائل نے عدالت ہذا میں درخواست دائر کی ہے جس کی سماعت مقرر کی گئی ہے۔ جملہ متعلقین کو ہدایت کی جاتی ہے کہ تاریخ پیشی پر حاضر عدالت ہو کر اپنا موقف پیش کریں بصورت دیگر کارروائی یکطرفہ عمل میں لائی جائے گی۔ محکمہ برقیات کی جانب سے بجلی کی ترسیلی لائنوں کی تنصیب کے لیے مطلوبہ سامان کی فراہمی کے لیے رجسٹرڈ فرمز سے کوٹیشن طلب کی جاتی ہے۔ ٹینڈر فیس 1,500 روپے اور زر ضمانت 2 فیصد مقرر ہے۔ نامکمل یا مشروط ٹینڈر قابل قبول نہ ہوں گے۔ ڈسٹرکٹ ہیلتھ آفیسر کی جانب سے ادویات اور طبی آلات کی خریداری کے لیے خواہشمند کمپنیوں سے پیشکش طلب کی جاتی ہے۔ مجاز اتھارٹی کو کوئی بھی یا تمام ٹینڈرز بغیر وجہ بتائے مسترد کرنے کا مکمل اختیار حاصل ہوگا۔ محکمہ تعلیم کے زیر انتظام سکولوں میں فرنیچر اور دیگر سامان کی فراہمی کے لیے اشتہار ہذا کے ذریعے مہر بند ٹینڈرز طلب کیے جاتے ہیں۔ ٹینڈرز مقررہ تاریخ کو حاضر ٹھیکیداران کی موجودگی میں کھولے جائیں گے۔ آزاد حکومت ریاست جموں و کشمیر کے محکمہ جات کی جانب سے اطلاع دی جاتی ہے کہ مذکورہ کام کے لیے خواہشمند فرمز اور ٹھیکیداران سے مہر بند ٹینڈرز طلب کیے جاتے ہیں۔ ٹینڈر فارم دفتر ہذا سے مقررہ فیس ادا کر کے حاصل کیے جا سکتے ہیں اور مقررہ تاریخ تک دفتر میں جمع کروائے جائیں گے۔ محکمہ تعمیرات عامہ ضلع مظفرآباد کی جانب سے سڑکوں کی مرمت اور پختگی کے کام کے لیے تخمینہ لاگت 2005 کے تحت منظور شدہ نرخ کے مطابق پیشکش طلب کی جاتی ہے۔ ٹینڈر جمع کروانے کی آخری تاریخ 24-09-2025 مقرر کی گئی ہے اور اسی روز کھولے جائیں گے۔ اطلاع عام کے ذریعے مطلع کیا جاتا ہے کہ سائل نے عدالت ہذا میں درخواست دائر کی ہے جس کی سماعت مقرر کی گئی ہے۔ جملہ متعلقین کو ہدایت کی جاتی ہے کہ تاریخ پیشی پر حاضر عدالت ہو کر اپنا موقف پیش کریں بصورت دیگر کارروائی یکطرفہ عمل میں لائی جائے گی۔ محکمہ برقیات کی جانب سے بجلی کی ترسیلی لائنوں کی تنصیب کے لیے مطلوبہ سامان کی فراہمی کے لیے رجسٹرڈ فرمز سے کوٹیشن طلب کی جاتی ہے۔ ٹینڈر فیس 1,500 روپے اور زر ضمانت 2 فیصد مقرر ہے۔ نامکمل یا مشروط ٹینڈر قابل قبول نہ ہوں گے۔ ڈسٹرکٹ ہیلتھ آفیسر کی جانب سے ادویات اور طبی آلات کی خریداری کے لیے خواہشمند کمپنیوں سے پیشکش طلب کی جاتی ہے۔ مجاز اتھارٹی کو کوئی بھی یا تمام ٹینڈرز بغیر وجہ بتائے مسترد کرنے کا مکمل اختیار حاصل ہوگا۔ محکمہ تعلیم کے زیر انتظام سکولوں میں فرنیچر اور دیگر سامان کی فراہمی کے لیے اشتہار ہذا کے ذریعے مہر بند ٹینڈرز طلب کیے جاتے ہیں۔ ٹینڈرز مقررہ تاریخ کو حاضر ٹھیکیداران کی موجودگی میں کھولے جائیں گے۔ آزاد حکومت ریاست جموں و کشمیر کے محکمہ جات کی جانب سے اطلاع دی جاتی ہے کہ مذکورہ کام کے لیے خواہشمند فرمز اور ٹھیکیداران سے مہر بند ٹینڈرز طلب کیے جاتے ہیں۔ ٹینڈر فارم دفتر ہذا سے مقررہ فیس ادا کر کے حاصل کیے جا سکتے ہیں اور مقررہ تاریخ تک دفتر میں جمع کروائے جائیں گے۔
محکمہ تعمیرات عامہ ضلع مظفرآباد کی جانب سے سڑکوں کی مرمت اور پختگی کے کام کے لیے تخمینہ لاگت 2005 کے تحت منظور شدہ نرخ کے مطابق پیشکش طلب کی جاتی ہے۔ ٹینڈر جمع کروانے کی آخری تاریخ 24-09-2025 مقرر کی گئی ہے اور اسی روز کھولے جائیں گے۔ اطلاع عام کے ذریعے مطلع کیا جاتا ہے کہ سائل نے عدالت ہذا میں درخواست دائر کی ہے جس کی سماعت مقرر کی گئی ہے۔ جملہ متعلقین کو ہدایت کی جاتی ہے کہ تاریخ پیشی پر حاضر عدالت ہو کر اپنا موقف پیش کریں بصورت دیگر کارروائی یکطرفہ عمل میں لائی جائے گی۔
16 ☆ جموں و کشمیر ٹائمز ☆ ج
محکمہ برقیات کی جانب سے بجلی کی ترسیلی لائنوں کی تنصیب کے لیے مطلوبہ سامان کی فراہمی کے لیے رجسٹرڈ فرمز سے کوٹیشن طلب کی جاتی ہے۔ ٹینڈر فیس 1,500 روپے اور زر ضمانت 2 فیصد مقرر ہے۔ نامکمل یا مشروط ٹینڈر قابل قبول نہ ہوں گے۔ ڈسٹرکٹ ہیلتھ آفیسر کی جانب سے ادویات اور طبی آلات کی خریداری کے لیے خواہشمند کمپنیوں سے پیشکش طلب کی جاتی ہے۔ مجاز اتھارٹی کو کوئی بھی یا تمام ٹینڈرز بغیر وجہ بتائے مسترد کرنے کا مکمل اختیار حاصل ہوگا۔ محکمہ تعلیم کے زیر انتظام سکولوں میں فرنیچر اور دیگر سامان کی فراہمی کے لیے اشتہار ہذا کے ذریعے مہر بند ٹینڈرز طلب کیے جاتے ہیں۔ ٹینڈرز مقررہ تاریخ کو حاضر ٹھیکیداران کی موجودگی میں کھولے جائیں گے۔
17 ☆ جموں و کشمیر ٹائمز ☆ ج
آزاد حکومت ریاست جموں و کشمیر کے محکمہ جات کی جانب سے اطلاع دی جاتی ہے کہ مذکورہ کام کے لیے خواہشمند فرمز اور ٹھیکیداران سے مہر بند ٹینڈرز طلب کیے جاتے ہیں۔ ٹینڈر فارم دفتر ہذا سے مقررہ فیس ادا کر کے حاصل کیے جا سکتے ہیں اور مقررہ تاریخ تک دفتر میں جمع کروائے جائیں گے۔ محکمہ تعمیرات عامہ ضلع مظفرآباد کی جانب سے سڑکوں کی مرمت اور پختگی کے کام کے لیے تخمینہ لاگت 2005 کے تحت منظور شدہ نرخ کے مطابق پیشکش طلب کی جاتی ہے۔ ٹینڈر جمع کروانے کی آخری تاریخ 24-09-2025 مقرر کی گئی ہے اور اسی روز کھولے جائیں گے۔ اطلاع عام کے ذریعے مطلع کیا جاتا ہے کہ سائل نے عدالت ہذا میں درخواست دائر کی ہے جس کی سماعت مقرر کی گئی ہے۔ جملہ متعلقین کو ہدایت کی جاتی ہے کہ تاریخ پیشی پر حاضر عدالت ہو کر اپنا موقف پیش کریں بصورت دیگر کارروائی یکطرفہ عمل میں لائی جائے گی۔
18 ☆ جموں و کشمیر ٹائمز ☆ ج
محکمہ برقیات کی جانب سے بجلی کی ترسیلی لائنوں کی تنصیب کے لیے مطلوبہ سامان کی فراہمی کے لیے رجسٹرڈ فرمز سے کوٹیشن طلب کی جاتی ہے۔ ٹینڈر فیس 1,500 روپے اور زر ضمانت 2 فیصد مقرر ہے۔ نامکمل یا مشروط ٹینڈر قابل قبول نہ ہوں گے۔ ڈسٹرکٹ ہیلتھ آفیسر کی جانب سے ادویات اور طبی آلات کی خریداری کے لیے خواہشمند کمپنیوں سے پیشکش طلب کی جاتی ہے۔ مجاز اتھارٹی کو کوئی بھی یا تمام ٹینڈرز بغیر وجہ بتائے مسترد کرنے کا مکمل اختیار حاصل ہوگا۔ محکمہ تعلیم کے زیر انتظام سکولوں میں فرنیچر اور دیگر سامان کی فراہمی کے لیے اشتہار ہذا کے ذریعے مہر بند ٹینڈرز طلب کیے جاتے ہیں۔ ٹینڈرز مقررہ تاریخ کو حاضر ٹھیکیداران کی موجودگی میں کھولے جائیں گے۔
19 ☆ جموں و کشمیر ٹائمز ☆ ج
آزاد حکومت ریاست جموں و کشمیر کے محکمہ جات کی جانب سے اطلاع دی جاتی ہے کہ مذکورہ کام کے لیے خواہشمند فرمز اور ٹھیکیداران سے مہر بند ٹینڈرز طلب کیے جاتے ہیں۔ ٹینڈر فارم دفتر ہذا سے مقررہ فیس ادا کر کے حاصل کیے جا سکتے ہیں اور مقررہ تاریخ تک دفتر میں جمع کروائے جائیں گے۔ محکمہ تعمیرات عامہ ضلع مظفرآباد کی جانب سے سڑکوں کی مرمت اور پختگی کے کام کے لیے تخمینہ لاگت 2005 کے تحت منظور شدہ نرخ کے مطابق پیشکش طلب کی جاتی ہے۔ ٹینڈر جمع کروانے کی آخری تاریخ 24-09-2025 مقرر کی گئی ہے اور اسی روز کھولے جائیں گے۔ اطلاع عام کے ذریعے مطلع کیا جاتا ہے کہ سائل نے عدالت ہذا میں درخواست دائر کی ہے جس کی سماعت مقرر کی گئی ہے۔ جملہ متعلقین کو ہدایت کی جاتی ہے کہ تاریخ پیشی پر حاضر عدالت ہو کر اپنا موقف پیش کریں بصورت دیگر کارروائی یکطرفہ عمل میں لائی جائے گی۔
20 ☆ جموں و کشمیر ٹائمز ☆ ج
محکمہ برقیات کی جانب سے بجلی کی ترسیلی لائنوں کی تنصیب کے لیے مطلوبہ سامان کی فراہمی کے لیے رجسٹرڈ فرمز سے کوٹیشن طلب کی جاتی ہے۔ ٹینڈر فیس 1,500 روپے اور زر ضمانت 2 فیصد مقرر ہے۔ نامکمل یا مشروط ٹینڈر قابل قبول نہ ہوں گے۔ ڈسٹرکٹ ہیلتھ آفیسر کی جانب سے ادویات اور طبی آلات کی خریداری کے لیے خواہشمند کمپنیوں سے پیشکش طلب کی جاتی ہے۔ مجاز اتھارٹی کو کوئی بھی یا تمام ٹینڈرز بغیر وجہ بتائے مسترد کرنے کا مکمل اختیار حاصل ہوگا۔ محکمہ تعلیم کے زیر انتظام سکولوں میں فرنیچر اور دیگر سامان کی فراہمی کے لیے اشتہار ہذا کے ذریعے مہر بند ٹینڈرز طلب کیے جاتے ہیں۔ ٹینڈرز مقررہ تاریخ کو حاضر ٹھیکیداران کی موجودگی میں کھولے جائیں گے۔
21 ☆ جموں و کشمیر ٹائمز ☆ ج
آزاد حکومت ریاست جموں و کشمیر کے محکمہ جات کی جانب سے اطلاع دی جاتی ہے کہ مذکورہ کام کے لیے خواہشمند فرمز اور ٹھیکیداران سے مہر بند ٹینڈرز طلب کیے جاتے ہیں۔ ٹینڈر فارم دفتر ہذا سے مقررہ فیس ادا کر کے حاصل کیے جا سکتے ہیں اور مقررہ تاریخ تک دفتر میں جمع کروائے جائیں گے۔ محکمہ تعمیرات عامہ ضلع مظفرآباد کی جانب سے سڑکوں کی مرمت اور پختگی کے کام کے لیے تخمینہ لاگت 2005 کے تحت منظور شدہ نرخ کے مطابق پیشکش طلب کی جاتی ہے۔ ٹینڈر جمع کروانے کی آخری تاریخ 24-09-2025 مقرر کی گئی ہے اور اسی روز کھولے جائیں گے۔ اطلاع عام کے ذریعے مطلع کیا جاتا ہے کہ سائل نے عدالت ہذا میں درخواست دائر کی ہے جس کی سماعت مقرر کی گئی ہے۔ جملہ متعلقین کو ہدایت کی جاتی ہے کہ تاریخ پیشی پر حاضر عدالت ہو کر اپنا موقف پیش کریں بصورت دیگر کارروائی یکطرفہ عمل میں لائی جائے گی۔
22 ☆ جموں و کشمیر ٹائمز ☆ ج
محکمہ برقیات کی جانب سے بجلی کی ترسیلی لائنوں کی تنصیب کے لیے مطلوبہ سامان کی فراہمی کے لیے رجسٹرڈ فرمز سے کوٹیشن طلب کی جاتی ہے۔ ٹینڈر فیس 1,500 روپے اور زر ضمانت 2 فیصد مقرر ہے۔ نامکمل یا مشروط ٹینڈر قابل قبول نہ ہوں گے۔ ڈسٹرکٹ ہیلتھ آفیسر کی جانب سے ادویات اور طبی آلات کی خریداری کے لیے خواہشمند کمپنیوں سے پیشکش طلب کی جاتی ہے۔ مجاز اتھارٹی کو کوئی بھی یا تمام ٹینڈرز بغیر وجہ بتائے مسترد کرنے کا مکمل اختیار حاصل ہوگا۔ محکمہ تعلیم کے زیر انتظام سکولوں میں فرنیچر اور دیگر سامان کی فراہمی کے لیے اشتہار ہذا کے ذریعے مہر بند ٹینڈرز طلب کیے جاتے ہیں۔ ٹینڈرز مقررہ تاریخ کو حاضر ٹھیکیداران کی موجودگی میں کھولے جائیں گے۔
23 ☆ جموں و کشمیر ٹائمز ☆ ج
آزاد حکومت ریاست جموں و کشمیر کے محکمہ جات کی جانب سے اطلاع دی جاتی ہے کہ مذکورہ کام کے لیے خواہشمند فرمز اور ٹھیکیداران سے مہر بند ٹینڈرز طلب کیے جاتے ہیں۔ ٹینڈر فارم دفتر ہذا سے مقررہ فیس ادا کر کے حاصل کیے جا سکتے ہیں اور مقررہ تاریخ تک دفتر میں جمع کروائے جائیں گے۔ محکمہ تعمیرات عامہ ضلع مظفرآباد کی جانب سے سڑکوں کی مرمت اور پختگی کے کام کے لیے تخمینہ لاگت 2005 کے تحت منظور شدہ نرخ کے مطابق پیشکش طلب کی جاتی ہے۔ ٹینڈر جمع کروانے کی آخری تاریخ 24-09-2025 مقرر کی گئی ہے اور اسی روز کھولے جائیں گے۔ اطلاع عام کے ذریعے مطلع کیا جاتا ہے کہ سائل نے عدالت ہذا میں درخواست دائر کی ہے جس کی سماعت مقرر کی گئی ہے۔ جملہ متعلقین کو ہدایت کی جاتی ہے کہ تاریخ پیشی پر حاضر عدالت ہو کر اپنا موقف پیش کریں بصورت دیگر کارروائی یکطرفہ عمل میں لائی جائے گی۔
محکمہ برقیات کی جانب سے بجلی کی ترسیلی لائنوں کی تنصیب کے لیے مطلوبہ سامان کی فراہمی کے لیے رجسٹرڈ فرمز سے کوٹیشن طلب کی جاتی ہے۔ ٹینڈر فیس 1,500 روپے اور زر ضمانت 2 فیصد مقرر ہے۔ نامکمل یا مشروط ٹینڈر قابل قبول نہ ہوں گے۔ ڈسٹرکٹ ہیلتھ آفیسر کی جانب سے ادویات اور طبی آلات کی خریداری کے لیے خواہشمند کمپنیوں سے پیشکش طلب کی جاتی ہے۔ مجاز اتھارٹی کو کوئی بھی یا تمام ٹینڈرز بغیر وجہ بتائے مسترد کرنے کا مکمل اختیار حاصل ہوگا۔ محکمہ تعلیم کے زیر انتظام سکولوں میں فرنیچر اور دیگر سامان کی فراہمی کے لیے اشتہار ہذا کے ذریعے مہر بند ٹینڈرز طلب کیے جاتے ہیں۔ ٹینڈرز مقررہ تاریخ کو حاضر ٹھیکیداران کی موجودگی میں کھولے جائیں گے۔ آزاد حکومت ریاست جموں و کشمیر کے محکمہ جات کی جانب سے اطلاع دی جاتی ہے کہ مذکورہ کام کے لیے خواہشمند فرمز اور ٹھیکیداران سے مہر بند ٹینڈرز طلب کیے جاتے ہیں۔ ٹینڈر فارم دفتر ہذا سے مقررہ فیس ادا کر کے حاصل کیے جا سکتے ہیں اور مقررہ تاریخ تک دفتر میں جمع کروائے جائیں گے۔ محکمہ تعمیرات عامہ ضلع مظفرآباد کی جانب سے سڑکوں کی مرمت اور پختگی کے کام کے لیے تخمینہ لاگت 2005 کے تحت منظور شدہ نرخ کے مطابق پیشکش طلب کی جاتی ہے۔ ٹینڈر جمع کروانے کی آخری تاریخ 24-09-2025 مقرر کی گئی ہے اور اسی روز کھولے جائیں گے۔ اطلاع عام کے ذریعے مطلع کیا جاتا ہے کہ سائل نے عدالت ہذا میں درخواست دائر کی ہے جس کی سماعت مقرر کی گئی ہے۔ جملہ متعلقین کو ہدایت کی جاتی ہے کہ تاریخ پیشی پر حاضر عدالت ہو کر اپنا موقف پیش کریں بصورت دیگر کارروائی یکطرفہ عمل میں لائی جائے گی۔ محکمہ برقیات کی جانب سے بجلی کی ترسیلی لائنوں کی تنصیب کے لیے مطلوبہ سامان کی فراہمی کے لیے رجسٹرڈ فرمز سے کوٹیشن طلب کی جاتی ہے۔ ٹینڈر فیس 1,500 روپے اور زر ضمانت 2 فیصد مقرر ہے۔ نامکمل یا مشروط ٹینڈر قابل قبول نہ ہوں گے۔ ڈسٹرکٹ ہیلتھ آفیسر کی جانب سے ادویات اور طبی آلات کی خریداری کے لیے خواہشمند کمپنیوں سے پیشکش طلب کی جاتی ہے۔ مجاز اتھارٹی کو کوئی بھی یا تمام ٹینڈرز بغیر وجہ بتائے مسترد کرنے کا مکمل اختیار حاصل ہوگا۔ محکمہ تعلیم کے زیر انتظام سکولوں میں فرنیچر اور دیگر سامان کی فراہمی کے لیے اشتہار ہذا کے ذریعے مہر بند ٹینڈرز طلب کیے جاتے ہیں۔ ٹینڈرز مقررہ تاریخ کو حاضر ٹھیکیداران کی موجودگی میں کھولے جائیں گے۔ آزاد حکومت ریاست جموں و کشمیر کے محکمہ جات کی جانب سے اطلاع دی جاتی ہے کہ مذکورہ کام کے لیے خواہشمند فرمز اور ٹھیکیداران سے مہر بند ٹینڈرز طلب کیے جاتے ہیں۔ ٹینڈر فارم دفتر ہذا سے مقررہ فیس ادا کر کے حاصل کیے جا سکتے ہیں اور مقررہ تاریخ تک دفتر میں جمع کروائے جائیں گے۔ محکمہ تعمیرات عامہ ضلع مظفرآباد کی جانب سے سڑکوں کی مرمت اور پختگی کے کام کے لیے تخمینہ لاگت 2005 کے تحت منظور شدہ نرخ کے مطابق پیشکش طلب کی جاتی ہے۔ ٹینڈر جمع کروانے کی آخری تاریخ 24-09-2025 مقرر کی گئی ہے اور اسی روز کھولے جائیں گے۔ اطلاع عام کے ذریعے مطلع کیا جاتا ہے کہ سائل نے عدالت ہذا میں درخواست دائر کی ہے جس کی سماعت مقرر کی گئی ہے۔ جملہ متعلقین کو ہدایت کی جاتی ہے کہ تاریخ پیشی پر حاضر عدالت ہو کر اپنا موقف پیش کریں بصورت دیگر کارروائی یکطرفہ عمل میں لائی جائے گی۔
محکمہ برقیات کی جانب سے بجلی کی ترسیلی لائنوں کی تنصیب کے لیے مطلوبہ سامان کی فراہمی کے لیے رجسٹرڈ فرمز سے کوٹیشن طلب کی جاتی ہے۔ ٹینڈر فیس 1,500 روپے اور زر ضمانت 2 فیصد مقرر ہے۔ نامکمل یا مشروط ٹینڈر قابل قبول نہ ہوں گے۔ ڈسٹرکٹ ہیلتھ آفیسر کی جانب سے ادویات اور طبی آلات کی خریداری کے لیے خواہشمند کمپنیوں سے پیشکش طلب کی جاتی ہے۔ مجاز اتھارٹی کو کوئی بھی یا تمام ٹینڈرز بغیر وجہ بتائے مسترد کرنے کا مکمل اختیار حاصل ہوگا۔
24 ☆ جموں و کشمیر ٹائمز ☆ ج
محکمہ تعلیم کے زیر انتظام سکولوں میں فرنیچر اور دیگر سامان کی فراہمی کے لیے اشتہار ہذا کے ذریعے مہر بند ٹینڈرز طلب کیے جاتے ہیں۔ ٹینڈرز مقررہ تاریخ کو حاضر ٹھیکیداران کی موجودگی میں کھولے جائیں گے۔ آزاد حکومت ریاست جموں و کشمیر کے محکمہ جات کی جانب سے اطلاع دی جاتی ہے کہ مذکورہ کام کے لیے خواہشمند فرمز اور ٹھیکیداران سے مہر بند ٹینڈرز طلب کیے جاتے ہیں۔ ٹینڈر فارم دفتر ہذا سے مقررہ فیس ادا کر کے حاصل کیے جا سکتے ہیں اور مقررہ تاریخ تک دفتر میں جمع کروائے جائیں گے۔ محکمہ تعمیرات عامہ ضلع مظفرآباد کی جانب سے سڑکوں کی مرمت اور پختگی کے کام کے لیے تخمینہ لاگت 2005 کے تحت منظور شدہ نرخ کے مطابق پیشکش طلب کی جاتی ہے۔ ٹینڈر جمع کروانے کی آخری تاریخ 24-09-2025 مقرر کی گئی ہے اور اسی روز کھولے جائیں گے۔
25 ☆ جموں و کشمیر ٹائمز ☆ ج
اطلاع عام کے ذریعے مطلع کیا جاتا ہے کہ سائل نے عدالت ہذا میں درخواست دائر کی ہے جس کی سماعت مقرر کی گئی ہے۔ جملہ متعلقین کو ہدایت کی جاتی ہے کہ تاریخ پیشی پر حاضر عدالت ہو کر اپنا موقف پیش کریں بصورت دیگر کارروائی یکطرفہ عمل میں لائی جائے گی۔ محکمہ برقیات کی جانب سے بجلی کی ترسیلی لائنوں کی تنصیب کے لیے مطلوبہ سامان کی فراہمی کے لیے رجسٹرڈ فرمز سے کوٹیشن طلب کی جاتی ہے۔ ٹینڈر فیس 1,500 روپے اور زر ضمانت 2 فیصد مقرر ہے۔ نامکمل یا مشروط ٹینڈر قابل قبول نہ ہوں گے۔ ڈسٹرکٹ ہیلتھ آفیسر کی جانب سے ادویات اور طبی آلات کی خریداری کے لیے خواہشمند کمپنیوں سے پیشکش طلب کی جاتی ہے۔ مجاز اتھارٹی کو کوئی بھی یا تمام ٹینڈرز بغیر وجہ بتائے مسترد کرنے کا مکمل اختیار حاصل ہوگا۔
26 ☆ جموں و کشمیر ٹائمز ☆ ج
محکمہ تعلیم کے زیر انتظام سکولوں میں فرنیچر اور دیگر سامان کی فراہمی کے لیے اشتہار ہذا کے ذریعے مہر بند ٹینڈرز طلب کیے جاتے ہیں۔ ٹینڈرز مقررہ تاریخ کو حاضر ٹھیکیداران کی موجودگی میں کھولے جائیں گے۔ آزاد حکومت ریاست جموں و کشمیر کے محکمہ جات کی جانب سے اطلاع دی جاتی ہے کہ مذکورہ کام کے لیے خواہشمند فرمز اور ٹھیکیداران سے مہر بند ٹینڈرز طلب کیے جاتے ہیں۔ ٹینڈر فارم دفتر ہذا سے مقررہ فیس ادا کر کے حاصل کیے جا سکتے ہیں اور مقررہ تاریخ تک دفتر میں جمع کروائے جائیں گے۔ محکمہ تعمیرات عامہ ضلع مظفرآباد کی جانب سے سڑکوں کی مرمت اور پختگی کے کام کے لیے تخمینہ لاگت 2005 کے تحت منظور شدہ نرخ کے مطابق پیشکش طلب کی جاتی ہے۔ ٹینڈر جمع کروانے کی آخری تاریخ 24-09-2025 مقرر کی گئی ہے اور اسی روز کھولے جائیں گے۔
27 ☆ جموں و کشمیر ٹائمز ☆ ج
اطلاع عام کے ذریعے مطلع کیا جاتا ہے کہ سائل نے عدالت ہذا میں درخواست دائر کی ہے جس کی سماعت مقرر کی گئی ہے۔ جملہ متعلقین کو ہدایت کی جاتی ہے کہ تاریخ پیشی پر حاضر عدالت ہو کر اپنا موقف پیش کریں بصورت دیگر کارروائی یکطرفہ عمل میں لائی جائے گی۔ محکمہ برقیات کی جانب سے بجلی کی ترسیلی لائنوں کی تنصیب کے لیے مطلوبہ سامان کی فراہمی کے لیے رجسٹرڈ فرمز سے کوٹیشن طلب کی جاتی ہے۔ ٹینڈر فیس 1,500 روپے اور زر ضمانت 2 فیصد مقرر ہے۔ نامکمل یا مشروط ٹینڈر قابل قبول نہ ہوں گے۔ ڈسٹرکٹ ہیلتھ آفیسر کی جانب سے ادویات اور طبی آلات کی خریداری کے لیے خواہشمند کمپنیوں سے پیشکش طلب کی جاتی ہے۔ مجاز اتھارٹی کو کوئی بھی یا تمام ٹینڈرز بغیر وجہ بتائے مسترد کرنے کا مکمل اختیار حاصل ہوگا۔
28 ☆ جموں و کشمیر ٹائمز ☆ ج
محکمہ تعلیم کے زیر انتظام سکولوں میں فرنیچر اور دیگر سامان کی فراہمی کے لیے اشتہار ہذا کے ذریعے مہر بند ٹینڈرز طلب کیے جاتے ہیں۔ ٹینڈرز مقررہ تاریخ کو حاضر ٹھیکیداران کی موجودگی میں کھولے جائیں گے۔ آزاد حکومت ریاست جموں و کشمیر کے محکمہ جات کی جانب سے اطلاع دی جاتی ہے کہ مذکورہ کام کے لیے خواہشمند فرمز اور ٹھیکیداران سے مہر بند ٹینڈرز طلب کیے جاتے ہیں۔ ٹینڈر فارم دفتر ہذا سے مقررہ فیس ادا کر کے حاصل کیے جا سکتے ہیں اور مقررہ تاریخ تک دفتر میں جمع کروائے جائیں گے۔ محکمہ تعمیرات عامہ ضلع مظفرآباد کی جانب سے سڑکوں کی مرمت اور پختگی کے کام کے لیے تخمینہ لاگت 2005 کے تحت منظور شدہ نرخ کے مطابق پیشکش طلب کی جاتی ہے۔ ٹینڈر جمع کروانے کی آخری تاریخ 24-09-2025 مقرر کی گئی ہے اور اسی روز کھولے جائیں گے۔
29 ☆ جموں و کشمیر ٹائمز ☆ ج
اطلاع عام کے ذریعے مطلع کیا جاتا ہے کہ سائل نے عدالت ہذا میں درخواست دائر کی ہے جس کی سماعت مقرر کی گئی ہے۔ جملہ متعلقین کو ہدایت کی جاتی ہے کہ تاریخ پیشی پر حاضر عدالت ہو کر اپنا موقف پیش کریں بصورت دیگر کارروائی یکطرفہ عمل میں لائی جائے گی۔ محکمہ برقیات کی جانب سے بجلی کی ترسیلی لائنوں کی تنصیب کے لیے مطلوبہ سامان کی فراہمی کے لیے رجسٹرڈ فرمز سے کوٹیشن طلب کی جاتی ہے۔ ٹینڈر فیس 1,500 روپے اور زر ضمانت 2 فیصد مقرر ہے۔ نامکمل یا مشروط ٹینڈر قابل قبول نہ ہوں گے۔ ڈسٹرکٹ ہیلتھ آفیسر کی جانب سے ادویات اور طبی آلات کی خریداری کے لیے خواہشمند کمپنیوں سے پیشکش طلب کی جاتی ہے۔ مجاز اتھارٹی کو کوئی بھی یا تمام ٹینڈرز بغیر وجہ بتائے مسترد کرنے کا مکمل اختیار حاصل ہوگا۔
30 ☆ جموں و کشمیر ٹائمز ☆ ج
محکمہ تعلیم کے زیر انتظام سکولوں میں فرنیچر اور دیگر سامان کی فراہمی کے لیے اشتہار ہذا کے ذریعے مہر بند ٹینڈرز طلب کیے جاتے ہیں۔ ٹینڈرز مقررہ تاریخ کو حاضر ٹھیکیداران کی موجودگی میں کھولے جائیں گے۔ آزاد حکومت ریاست جموں و کشمیر کے محکمہ جات کی جانب سے اطلاع دی جاتی ہے کہ مذکورہ کام کے لیے خواہشمند فرمز اور ٹھیکیداران سے مہر بند ٹینڈرز طلب کیے جاتے ہیں۔ ٹینڈر فارم دفتر ہذا سے مقررہ فیس ادا کر کے حاصل کیے جا سکتے ہیں اور مقررہ تاریخ تک دفتر میں جمع کروائے جائیں گے۔ محکمہ تعمیرات عامہ ضلع مظفرآباد کی جانب سے سڑکوں کی مرمت اور پختگی کے کام کے لیے تخمینہ لاگت 2005 کے تحت منظور شدہ نرخ کے مطابق پیشکش طلب کی جاتی ہے۔ ٹینڈر جمع کروانے کی آخری تاریخ 24-09-2025 مقرر کی گئی ہے اور اسی روز کھولے جائیں گے۔
40 ☆ جموں و کشمیر ٹائمز ☆ ج
اطلاع عام کے ذریعے مطلع کیا جاتا ہے کہ سائل نے عدالت ہذا میں درخواست دائر کی ہے جس کی سماعت مقرر کی گئی ہے۔ جملہ متعلقین کو ہدایت کی جاتی ہے کہ تاریخ پیشی پر حاضر عدالت ہو کر اپنا موقف پیش کریں بصورت دیگر کارروائی یکطرفہ عمل میں لائی جائے گی۔ محکمہ برقیات کی جانب سے بجلی کی ترسیلی لائنوں کی تنصیب کے لیے مطلوبہ سامان کی فراہمی کے لیے رجسٹرڈ فرمز سے کوٹیشن طلب کی جاتی ہے۔ ٹینڈر فیس 1,500 روپے اور زر ضمانت 2 فیصد مقرر ہے۔ نامکمل یا مشروط ٹینڈر قابل قبول نہ ہوں گے۔ ڈسٹرکٹ ہیلتھ آفیسر کی جانب سے ادویات اور طبی آلات کی خریداری کے لیے خواہشمند کمپنیوں سے پیشکش طلب کی جاتی ہے۔ مجاز اتھارٹی کو کوئی بھی یا تمام ٹینڈرز بغیر وجہ بتائے مسترد کرنے کا مکمل اختیار حاصل ہوگا۔
41 ☆ جموں و کشمیر ٹائمز ☆ ج
محکمہ تعلیم کے زیر انتظام سکولوں میں فرنیچر اور دیگر سامان کی فراہمی کے لیے اشتہار ہذا کے ذریعے مہر بند ٹینڈرز طلب کیے جاتے ہیں۔ ٹینڈرز مقررہ تاریخ کو حاضر ٹھیکیداران کی موجودگی میں کھولے جائیں گے۔ آزاد حکومت ریاست جموں و کشمیر کے محکمہ جات کی جانب سے اطلاع دی جاتی ہے کہ مذکورہ کام کے لیے خواہشمند فرمز اور ٹھیکیداران سے مہر بند ٹینڈرز طلب کیے جاتے ہیں۔ ٹینڈر فارم دفتر ہذا سے مقررہ فیس ادا کر کے حاصل کیے جا سکتے ہیں اور مقررہ تاریخ تک دفتر میں جمع کروائے جائیں گے۔ محکمہ تعمیرات عامہ ضلع مظفرآباد کی جانب سے سڑکوں کی مرمت اور پختگی کے کام کے لیے تخمینہ لاگت 2005 کے تحت منظور شدہ نرخ کے مطابق پیشکش طلب کی جاتی ہے۔ ٹینڈر جمع کروانے کی آخری تاریخ 24-09-2025 مقرر کی گئی ہے اور اسی روز کھولے جائیں گے۔
42 ☆ جموں و کشمیر ٹائمز ☆ ج
اطلاع عام کے ذریعے مطلع کیا جاتا ہے کہ سائل نے عدالت ہذا میں درخواست دائر کی ہے جس کی سماعت مقرر کی گئی ہے۔ جملہ متعلقین کو ہدایت کی جاتی ہے کہ تاریخ پیشی پر حاضر عدالت ہو کر اپنا موقف پیش کریں بصورت دیگر کارروائی یکطرفہ عمل میں لائی جائے گی۔ محکمہ برقیات کی جانب سے بجلی کی ترسیلی لائنوں کی تنصیب کے لیے مطلوبہ سامان کی فراہمی کے لیے رجسٹرڈ فرمز سے کوٹیشن طلب کی جاتی ہے۔ ٹینڈر فیس 1,500 روپے اور زر ضمانت 2 فیصد مقرر ہے۔ نامکمل یا مشروط ٹینڈر قابل قبول نہ ہوں گے۔ ڈسٹرکٹ ہیلتھ آفیسر کی جانب سے ادویات اور طبی آلات کی خریداری کے لیے خواہشمند کمپنیوں سے پیشکش طلب کی جاتی ہے۔ مجاز اتھارٹی کو کوئی بھی یا تمام ٹینڈرز بغیر وجہ بتائے مسترد کرنے کا مکمل اختیار حاصل ہوگا۔
43 ☆ جموں و کشمیر ٹائمز ☆ ج
محکمہ تعلیم کے زیر انتظام سکولوں میں فرنیچر اور دیگر سامان کی فراہمی کے لیے اشتہار ہذا کے ذریعے مہر بند ٹینڈرز طلب کیے جاتے ہیں۔ ٹینڈرز مقررہ تاریخ کو حاضر ٹھیکیداران کی موجودگی میں کھولے جائیں گے۔ آزاد حکومت ریاست جموں و کشمیر کے محکمہ جات کی جانب سے اطلاع دی جاتی ہے کہ مذکورہ کام کے لیے خواہشمند فرمز اور ٹھیکیداران سے مہر بند ٹینڈرز طلب کیے جاتے ہیں۔ ٹینڈر فارم دفتر ہذا سے مقررہ فیس ادا کر کے حاصل کیے جا سکتے ہیں اور مقررہ تاریخ تک دفتر میں جمع کروائے جائیں گے۔ محکمہ تعمیرات عامہ ضلع مظفرآباد کی جانب سے سڑکوں کی مرمت اور پختگی کے کام کے لیے تخمینہ لاگت 2005 کے تحت منظور شدہ نرخ کے مطابق پیشکش طلب کی جاتی ہے۔ ٹینڈر جمع کروانے کی آخری تاریخ 24-09-2025 مقرر کی گئی ہے اور اسی روز کھولے جائیں گے۔
اطلاع عام کے ذریعے مطلع کیا جاتا ہے کہ سائل نے عدالت ہذا میں درخواست دائر کی ہے جس کی سماعت مقرر کی گئی ہے۔ جملہ متعلقین کو ہدایت کی جاتی ہے کہ تاریخ پیشی پر حاضر عدالت ہو کر اپنا موقف پیش کریں بصورت دیگر کارروائی یکطرفہ عمل میں لائی جائے گی۔ محکمہ برقیات کی جانب سے بجلی کی ترسیلی لائنوں کی تنصیب کے لیے مطلوبہ سامان کی فراہمی کے لیے رجسٹرڈ فرمز سے کوٹیشن طلب کی جاتی ہے۔ ٹینڈر فیس 1,500 روپے اور زر ضمانت 2 فیصد مقرر ہے۔ نامکمل یا مشروط ٹینڈر قابل قبول نہ ہوں گے۔ ڈسٹرکٹ ہیلتھ آفیسر کی جانب سے ادویات اور طبی آلات کی خریداری کے لیے خواہشمند کمپنیوں سے پیشکش طلب کی جاتی ہے۔ مجاز اتھارٹی کو کوئی بھی یا تمام ٹینڈرز بغیر وجہ بتائے مسترد کرنے کا مکمل اختیار حاصل ہوگا۔ محکمہ تعلیم کے زیر انتظام سکولوں میں فرنیچر اور دیگر سامان کی فراہمی کے لیے اشتہار ہذا کے ذریعے مہر بند ٹینڈرز طلب کیے جاتے ہیں۔ ٹینڈرز مقررہ تاریخ کو حاضر ٹھیکیداران کی موجودگی میں کھولے جائیں گے۔ آزاد حکومت ریاست جموں و کشمیر کے محکمہ جات کی جانب سے اطلاع دی جاتی ہے کہ مذکورہ کام کے لیے خواہشمند فرمز اور ٹھیکیداران سے مہر بند ٹینڈرز طلب کیے جاتے ہیں۔ ٹینڈر فارم دفتر ہذا سے مقررہ فیس ادا کر کے حاصل کیے جا سکتے ہیں اور مقررہ تاریخ تک دفتر میں جمع کروائے جائیں گے۔ محکمہ تعمیرات عامہ ضلع مظفرآباد کی جانب سے سڑکوں کی مرمت اور پختگی کے کام کے لیے تخمینہ لاگت 2005 کے تحت منظور شدہ نرخ کے مطابق پیشکش طلب کی جاتی ہے۔ ٹینڈر جمع کروانے کی آخری تاریخ 24-09-2025 مقرر کی گئی ہے اور اسی روز کھولے جائیں گے۔ اطلاع عام کے ذریعے مطلع کیا جاتا ہے کہ سائل نے عدالت ہذا میں درخواست دائر کی ہے جس کی سماعت مقرر کی گئی ہے۔ جملہ متعلقین کو ہدایت کی جاتی ہے کہ تاریخ پیشی پر حاضر عدالت ہو کر اپنا موقف پیش کریں بصورت دیگر کارروائی یکطرفہ عمل میں لائی جائے گی۔ محکمہ برقیات کی جانب سے بجلی کی ترسیلی لائنوں کی تنصیب کے لیے مطلوبہ سامان کی فراہمی کے لیے رجسٹرڈ فرمز سے کوٹیشن طلب کی جاتی ہے۔ ٹینڈر فیس 1,500 روپے اور زر ضمانت 2 فیصد مقرر ہے۔ نامکمل یا مشروط ٹینڈر قابل قبول نہ ہوں گے۔ ڈسٹرکٹ ہیلتھ آفیسر کی جانب سے ادویات اور طبی آلات کی خریداری کے لیے خواہشمند کمپنیوں سے پیشکش طلب کی جاتی ہے۔ مجاز اتھارٹی کو کوئی بھی یا تمام ٹینڈرز بغیر وجہ بتائے مسترد کرنے کا مکمل اختیار حاصل ہوگا۔ محکمہ تعلیم کے زیر انتظام سکولوں میں فرنیچر اور دیگر سامان کی فراہمی کے لیے اشتہار ہذا کے ذریعے مہر بند ٹینڈرز طلب کیے جاتے ہیں۔ ٹینڈرز مقررہ تاریخ کو حاضر ٹھیکیداران کی موجودگی میں کھولے جائیں گے۔ آزاد حکومت ریاست جموں و کشمیر کے محکمہ جات کی جانب سے اطلاع دی جاتی ہے کہ مذکورہ کام کے لیے خواہشمند فرمز اور ٹھیکیداران سے مہر بند ٹینڈرز طلب کیے جاتے ہیں۔ ٹینڈر فارم دفتر ہذا سے مقررہ فیس ادا کر کے حاصل کیے جا سکتے ہیں اور مقررہ تاریخ تک دفتر میں جمع کروائے جائیں گے۔ محکمہ تعمیرات عامہ ضلع مظفرآباد کی جانب سے سڑکوں کی مرمت اور پختگی کے کام کے لیے تخمینہ لاگت 2005 کے تحت منظور شدہ نرخ کے مطابق پیشکش طلب کی جاتی ہے۔ ٹینڈر جمع کروانے کی آخری تاریخ 24-09-2025 مقرر کی گئی ہے اور اسی روز کھولے جائیں گے۔
اطلاع عام کے ذریعے مطلع کیا جاتا ہے کہ سائل نے عدالت ہذا میں درخواست دائر کی ہے جس کی سماعت مقرر کی گئی ہے۔ جملہ متعلقین کو ہدایت کی جاتی ہے کہ تاریخ پیشی پر حاضر عدالت ہو کر اپنا موقف پیش کریں بصورت دیگر کارروائی یکطرفہ عمل میں لائی جائے گی۔ محکمہ برقیات کی جانب سے بجلی کی ترسیلی لائنوں کی تنصیب کے لیے مطلوبہ سامان کی فراہمی کے لیے رجسٹرڈ فرمز سے کوٹیشن طلب کی جاتی ہے۔ ٹینڈر فیس 1,500 روپے اور زر ضمانت 2 فیصد مقرر ہے۔ نامکمل یا مشروط ٹینڈر قابل قبول نہ ہوں گے۔
44 ☆ جموں و کشمیر ٹائمز ☆ ج
ڈسٹرکٹ ہیلتھ آفیسر کی جانب سے ادویات اور طبی آلات کی خریداری کے لیے خواہشمند کمپنیوں سے پیشکش طلب کی جاتی ہے۔ مجاز اتھارٹی کو کوئی بھی یا تمام ٹینڈرز بغیر وجہ بتائے مسترد کرنے کا مکمل اختیار حاصل ہوگا۔ محکمہ تعلیم کے زیر انتظام سکولوں میں فرنیچر اور دیگر سامان کی فراہمی کے لیے اشتہار ہذا کے ذریعے مہر بند ٹینڈرز طلب کیے جاتے ہیں۔ ٹینڈرز مقررہ تاریخ کو حاضر ٹھیکیداران کی موجودگی میں کھولے جائیں گے۔ آزاد حکومت ریاست جموں و کشمیر کے محکمہ جات کی جانب سے اطلاع دی جاتی ہے کہ مذکورہ کام کے لیے خواہشمند فرمز اور ٹھیکیداران سے مہر بند ٹینڈرز طلب کیے جاتے ہیں۔ ٹینڈر فارم دفتر ہذا سے مقررہ فیس ادا کر کے حاصل کیے جا سکتے ہیں اور مقررہ تاریخ تک دفتر میں جمع کروائے جائیں گے۔
45 ☆ جموں و کشمیر ٹائمز ☆ ج
محکمہ تعمیرات عامہ ضلع مظفرآباد کی جانب سے سڑکوں کی مرمت اور پختگی کے کام کے لیے تخمینہ لاگت 2005 کے تحت منظور شدہ نرخ کے مطابق پیشکش طلب کی جاتی ہے۔ ٹینڈر جمع کروانے کی آخری تاریخ 24-09-2025 مقرر کی گئی ہے اور اسی روز کھولے جائیں گے۔ اطلاع عام کے ذریعے مطلع کیا جاتا ہے کہ سائل نے عدالت ہذا میں درخواست دائر کی ہے جس کی سماعت مقرر کی گئی ہے۔ جملہ متعلقین کو ہدایت کی جاتی ہے کہ تاریخ پیشی پر حاضر عدالت ہو کر اپنا موقف پیش کریں بصورت دیگر کارروائی یکطرفہ عمل میں لائی جائے گی۔ محکمہ برقیات کی جانب سے بجلی کی ترسیلی لائنوں کی تنصیب کے لیے مطلوبہ سامان کی فراہمی کے لیے رجسٹرڈ فرمز سے کوٹیشن طلب کی جاتی ہے۔ ٹینڈر فیس 1,500 روپے اور زر ضمانت 2 فیصد مقرر ہے۔ نامکمل یا مشروط ٹینڈر قابل قبول نہ ہوں گے۔
46 ☆ جموں و کشمیر ٹائمز ☆ ج
ڈسٹرکٹ ہیلتھ آفیسر کی جانب سے ادویات اور طبی آلات کی خریداری کے لیے خواہشمند کمپنیوں سے پیشکش طلب کی جاتی ہے۔ مجاز اتھارٹی کو کوئی بھی یا تمام ٹینڈرز بغیر وجہ بتائے مسترد کرنے کا مکمل اختیار حاصل ہوگا۔ محکمہ تعلیم کے زیر انتظام سکولوں میں فرنیچر اور دیگر سامان کی فراہمی کے لیے اشتہار ہذا کے ذریعے مہر بند ٹینڈرز طلب کیے جاتے ہیں۔ ٹینڈرز مقررہ تاریخ کو حاضر ٹھیکیداران کی موجودگی میں کھولے جائیں گے۔ آزاد حکومت ریاست جموں و کشمیر کے محکمہ جات کی جانب سے اطلاع دی جاتی ہے کہ مذکورہ کام کے لیے خواہشمند فرمز اور ٹھیکیداران سے مہر بند ٹینڈرز طلب کیے جاتے ہیں۔ ٹینڈر فارم دفتر ہذا سے مقررہ فیس ادا کر کے حاصل کیے جا سکتے ہیں اور مقررہ تاریخ تک دفتر میں جمع کروائے جائیں گے۔
47 ☆ جموں و کشمیر ٹائمز ☆ ج
محکمہ تعمیرات عامہ ضلع مظفرآباد کی جانب سے سڑکوں کی مرمت اور پختگی کے کام کے لیے تخمینہ لاگت 2005 کے تحت منظور شدہ نرخ کے مطابق پیشکش طلب کی جاتی ہے۔ ٹینڈر جمع کروانے کی آخری تاریخ 24-09-2025 مقرر کی گئی ہے اور اسی روز کھولے جائیں گے۔ اطلاع عام کے ذریعے مطلع کیا جاتا ہے کہ سائل نے عدالت ہذا میں درخواست دائر کی ہے جس کی سماعت مقرر کی گئی ہے۔ جملہ متعلقین کو ہدایت کی جاتی ہے کہ تاریخ پیشی پر حاضر عدالت ہو کر اپنا موقف پیش کریں بصورت دیگر کارروائی یکطرفہ عمل میں لائی جائے گی۔ محکمہ برقیات کی جانب سے بجلی کی ترسیلی لائنوں کی تنصیب کے لیے مطلوبہ سامان کی فراہمی کے لیے رجسٹرڈ فرمز سے کوٹیشن طلب کی جاتی ہے۔ ٹینڈر فیس 1,500 روپے اور زر ضمانت 2 فیصد مقرر ہے۔ نامکمل یا مشروط ٹینڈر قابل قبول نہ ہوں گے۔
48 ☆ جموں و کشمیر ٹائمز ☆ ج
ڈسٹرکٹ ہیلتھ آفیسر کی جانب سے ادویات اور طبی آلات کی خریداری کے لیے خواہشمند کمپنیوں سے پیشکش طلب کی جاتی ہے۔ مجاز اتھارٹی کو کوئی بھی یا تمام ٹینڈرز بغیر وجہ بتائے مسترد کرنے کا مکمل اختیار حاصل ہوگا۔ محکمہ تعلیم کے زیر انتظام سکولوں میں فرنیچر اور دیگر سامان کی فراہمی کے لیے اشتہار ہذا کے ذریعے مہر بند ٹینڈرز طلب کیے جاتے ہیں۔ ٹینڈرز مقررہ تاریخ کو حاضر ٹھیکیداران کی موجودگی میں کھولے جائیں گے۔ آزاد حکومت ریاست جموں و کشمیر کے محکمہ جات کی جانب سے اطلاع دی جاتی ہے کہ مذکورہ کام کے لیے خواہشمند فرمز اور ٹھیکیداران سے مہر بند ٹینڈرز طلب کیے جاتے ہیں۔ ٹینڈر فارم دفتر ہذا سے مقررہ فیس ادا کر کے حاصل کیے جا سکتے ہیں اور مقررہ تاریخ تک دفتر میں جمع کروائے جائیں گے۔
49 ☆ جموں و کشمیر ٹائمز ☆ ج
محکمہ تعمیرات عامہ ضلع مظفرآباد کی جانب سے سڑکوں کی مرمت اور پختگی کے کام کے لیے تخمینہ لاگت 2005 کے تحت منظور شدہ نرخ کے مطابق پیشکش طلب کی جاتی ہے۔ ٹینڈر جمع کروانے کی آخری تاریخ 24-09-2025 مقرر کی گئی ہے اور اسی روز کھولے جائیں گے۔ اطلاع عام کے ذریعے مطلع کیا جاتا ہے کہ سائل نے عدالت ہذا میں درخواست دائر کی ہے جس کی سماعت مقرر کی گئی ہے۔ جملہ متعلقین کو ہدایت کی جاتی ہے کہ تاریخ پیشی پر حاضر عدالت ہو کر اپنا موقف پیش کریں بصورت دیگر کارروائی یکطرفہ عمل میں لائی جائے گی۔ محکمہ برقیات کی جانب سے بجلی کی ترسیلی لائنوں کی تنصیب کے لیے مطلوبہ سامان کی فراہمی کے لیے رجسٹرڈ فرمز سے کوٹیشن طلب کی جاتی ہے۔ ٹینڈر فیس 1,500 روپے اور زر ضمانت 2 فیصد مقرر ہے۔ نامکمل یا مشروط ٹینڈر قابل قبول نہ ہوں گے۔
50 ☆ جموں و کشمیر ٹائمز ☆ ج
ڈسٹرکٹ ہیلتھ آفیسر کی جانب سے ادویات اور طبی آلات کی خریداری کے لیے خواہشمند کمپنیوں سے پیشکش طلب کی جاتی ہے۔ مجاز اتھارٹی کو کوئی بھی یا تمام ٹینڈرز بغیر وجہ بتائے مسترد کرنے کا مکمل اختیار حاصل ہوگا۔ محکمہ تعلیم کے زیر انتظام سکولوں میں فرنیچر اور دیگر سامان کی فراہمی کے لیے اشتہار ہذا کے ذریعے مہر بند ٹینڈرز طلب کیے جاتے ہیں۔ ٹینڈرز مقررہ تاریخ کو حاضر ٹھیکیداران کی موجودگی میں کھولے جائیں گے۔ آزاد حکومت ریاست جموں و کشمیر کے محکمہ جات کی جانب سے اطلاع دی جاتی ہے کہ مذکورہ کام کے لیے خواہشمند فرمز اور ٹھیکیداران سے مہر بند ٹینڈرز طلب کیے جاتے ہیں۔ ٹینڈر فارم دفتر ہذا سے مقررہ فیس ادا کر کے حاصل کیے جا سکتے ہیں اور مقررہ تاریخ تک دفتر میں جمع کروائے جائیں گے۔
51 ☆ جموں و کشمیر ٹائمز ☆ ج
محکمہ تعمیرات عامہ ضلع مظفرآباد کی جانب سے سڑکوں کی مرمت اور پختگی کے کام کے لیے تخمینہ لاگت 2005 کے تحت منظور شدہ نرخ کے مطابق پیشکش طلب کی جاتی ہے۔ ٹینڈر جمع کروانے کی آخری تاریخ 24-09-2025 مقرر کی گئی ہے اور اسی روز کھولے جائیں گے۔ اطلاع عام کے ذریعے مطلع کیا جاتا ہے کہ سائل نے عدالت ہذا میں درخواست دائر کی ہے جس کی سماعت مقرر کی گئی ہے۔ جملہ متعلقین کو ہدایت کی جاتی ہے کہ تاریخ پیشی پر حاضر عدالت ہو کر اپنا موقف پیش کریں بصورت دیگر کارروائی یکطرفہ عمل میں لائی جائے گی۔ محکمہ برقیات کی جانب سے بجلی کی ترسیلی لائنوں کی تنصیب کے لیے مطلوبہ سامان کی فراہمی کے لیے رجسٹرڈ فرمز سے کوٹیشن طلب کی جاتی ہے۔ ٹینڈر فیس 1,500 روپے اور زر ضمانت 2 فیصد مقرر ہے۔ نامکمل یا مشروط ٹینڈر قابل قبول نہ ہوں گے۔
52 ☆ جموں و کشمیر ٹائمز ☆ ج
ڈسٹرکٹ ہیلتھ آفیسر کی جانب سے ادویات اور طبی آلات کی خریداری کے لیے خواہشمند کمپنیوں سے پیشکش طلب کی جاتی ہے۔ مجاز اتھارٹی کو کوئی بھی یا تمام ٹینڈرز بغیر وجہ بتائے مسترد کرنے کا مکمل اختیار حاصل ہوگا۔ محکمہ تعلیم کے زیر انتظام سکولوں میں فرنیچر اور دیگر سامان کی فراہمی کے لیے اشتہار ہذا کے ذریعے مہر بند ٹینڈرز طلب کیے جاتے ہیں۔ ٹینڈرز مقررہ تاریخ کو حاضر ٹھیکیداران کی موجودگی میں کھولے جائیں گے۔ آزاد حکومت ریاست جموں و کشمیر کے محکمہ جات کی جانب سے اطلاع دی جاتی ہے کہ مذکورہ کام کے لیے خواہشمند فرمز اور ٹھیکیداران سے مہر بند ٹینڈرز طلب کیے جاتے ہیں۔ ٹینڈر فارم دفتر ہذا سے مقررہ فیس ادا کر کے حاصل کیے جا سکتے ہیں اور مقررہ تاریخ تک دفتر میں جمع کروائے جائیں گے۔
53 ☆ جموں و کشمیر ٹائمز ☆ ج
محکمہ تعمیرات عامہ ضلع مظفرآباد کی جانب سے سڑکوں کی مرمت اور پختگی کے کام کے لیے تخمینہ لاگت 2005 کے تحت منظور شدہ نرخ کے مطابق پیشکش طلب کی جاتی ہے۔ ٹینڈر جمع کروانے کی آخری تاریخ 24-09-2025 مقرر کی گئی ہے اور اسی روز کھولے جائیں گے۔ اطلاع عام کے ذریعے مطلع کیا جاتا ہے کہ سائل نے عدالت ہذا میں درخواست دائر کی ہے جس کی سماعت مقرر کی گئی ہے۔ جملہ متعلقین کو ہدایت کی جاتی ہے کہ تاریخ پیشی پر حاضر عدالت ہو کر اپنا موقف پیش کریں بصورت دیگر کارروائی یکطرفہ عمل میں لائی جائے گی۔ محکمہ برقیات کی جانب سے بجلی کی ترسیلی لائنوں کی تنصیب کے لیے مطلوبہ سامان کی فراہمی کے لیے رجسٹرڈ فرمز سے کوٹیشن طلب کی جاتی ہے۔ ٹینڈر فیس 1,500 روپے اور زر ضمانت 2 فیصد مقرر ہے۔ نامکمل یا مشروط ٹینڈر قابل قبول نہ ہوں گے۔
54 ☆ جموں و کشمیر ٹائمز ☆ ج
ڈسٹرکٹ ہیلتھ آفیسر کی جانب سے ادویات اور طبی آلات کی خریداری کے لیے خواہشمند کمپنیوں سے پیشکش طلب کی جاتی ہے۔ مجاز اتھارٹی کو کوئی بھی یا تمام ٹینڈرز بغیر وجہ بتائے مسترد کرنے کا مکمل اختیار حاصل ہوگا۔ محکمہ تعلیم کے زیر انتظام سکولوں میں فرنیچر اور دیگر سامان کی فراہمی کے لیے اشتہار ہذا کے ذریعے مہر بند ٹینڈرز طلب کیے جاتے ہیں۔ ٹینڈرز مقررہ تاریخ کو حاضر ٹھیکیداران کی موجودگی میں کھولے جائیں گے۔ آزاد حکومت ریاست جموں و کشمیر کے محکمہ جات کی جانب سے اطلاع دی جاتی ہے کہ مذکورہ کام کے لیے خواہشمند فرمز اور ٹھیکیداران سے مہر بند ٹینڈرز طلب کیے جاتے ہیں۔ ٹینڈر فارم دفتر ہذا سے مقررہ فیس ادا کر کے حاصل کیے جا سکتے ہیں اور مقررہ تاریخ تک دفتر میں جمع کروائے جائیں گے۔
55 ☆ جموں و کشمیر ٹائمز ☆ ج
محکمہ تعمیرات عامہ ضلع مظفرآباد کی جانب سے سڑکوں کی مرمت اور پختگی کے کام کے لیے تخمینہ لاگت 2005 کے تحت منظور شدہ نرخ کے مطابق پیشکش طلب کی جاتی ہے۔ ٹینڈر جمع کروانے کی آخری تاریخ 24-09-2025 مقرر کی گئی ہے اور اسی روز کھولے جائیں گے۔ اطلاع عام کے ذریعے مطلع کیا جاتا ہے کہ سائل نے عدالت ہذا میں درخواست دائر کی ہے جس کی سماعت مقرر کی گئی ہے۔ جملہ متعلقین کو ہدایت کی جاتی ہے کہ تاریخ پیشی پر حاضر عدالت ہو کر اپنا موقف پیش کریں بصورت دیگر کارروائی یکطرفہ عمل میں لائی جائے گی۔ محکمہ برقیات کی جانب سے بجلی کی ترسیلی لائنوں کی تنصیب کے لیے مطلوبہ سامان کی فراہمی کے لیے رجسٹرڈ فرمز سے کوٹیشن طلب کی جاتی ہے۔ ٹینڈر فیس 1,500 روپے اور زر ضمانت 2 فیصد مقرر ہے۔ نامکمل یا مشروط ٹینڈر قابل قبول نہ ہوں گے۔
56 ☆ جموں و کشمیر ٹائمز ☆ ج
ڈسٹرکٹ ہیلتھ آفیسر کی جانب سے ادویات اور طبی آلات کی خریداری کے لیے خواہشمند کمپنیوں سے پیشکش طلب کی جاتی ہے۔ مجاز اتھارٹی کو کوئی بھی یا تمام ٹینڈرز بغیر وجہ بتائے مسترد کرنے کا مکمل اختیار حاصل ہوگا۔ محکمہ تعلیم کے زیر انتظام سکولوں میں فرنیچر اور دیگر سامان کی فراہمی کے لیے اشتہار ہذا کے ذریعے مہر بند ٹینڈرز طلب کیے جاتے ہیں۔ ٹینڈرز مقررہ تاریخ کو حاضر ٹھیکیداران کی موجودگی میں کھولے جائیں گے۔ آزاد حکومت ریاست جموں و کشمیر کے محکمہ جات کی جانب سے اطلاع دی جاتی ہے کہ مذکورہ کام کے لیے خواہشمند فرمز اور ٹھیکیداران سے مہر بند ٹینڈرز طلب کیے جاتے ہیں۔ ٹینڈر فارم دفتر ہذا سے مقررہ فیس ادا کر کے حاصل کیے جا سکتے ہیں اور مقررہ تاریخ تک دفتر میں جمع کروائے جائیں گے۔
57 ☆ جموں و کشمیر ٹائمز ☆ ج
محکمہ تعمیرات عامہ ضلع مظفرآباد کی جانب سے سڑکوں کی مرمت اور پختگی کے کام کے لیے تخمینہ لاگت 2005 کے تحت منظور شدہ نرخ کے مطابق پیشکش طلب کی جاتی ہے۔ ٹینڈر جمع کروانے کی آخری تاریخ 24-09-2025 مقرر کی گئی ہے اور اسی روز کھولے جائیں گے۔ اطلاع عام کے ذریعے مطلع کیا جاتا ہے کہ سائل نے عدالت ہذا میں درخواست دائر کی ہے جس کی سماعت مقرر کی گئی ہے۔ جملہ متعلقین کو ہدایت کی جاتی ہے کہ تاریخ پیشی پر حاضر عدالت ہو کر اپنا موقف پیش کریں بصورت دیگر کارروائی یکطرفہ عمل میں لائی جائے گی۔ محکمہ برقیات کی جانب سے بجلی کی ترسیلی لائنوں کی تنصیب کے لیے مطلوبہ سامان کی فراہمی کے لیے رجسٹرڈ فرمز سے کوٹیشن طلب کی جاتی ہے۔ ٹینڈر فیس 1,500 روپے اور زر ضمانت 2 فیصد مقرر ہے۔ نامکمل یا مشروط ٹینڈر قابل قبول نہ ہوں گے۔
ڈسٹرکٹ ہیلتھ آفیسر کی جانب سے ادویات اور طبی آلات کی خریداری کے لیے خواہشمند کمپنیوں سے پیشکش طلب کی جاتی ہے۔ مجاز اتھارٹی کو کوئی بھی یا تمام ٹینڈرز بغیر وجہ بتائے مسترد کرنے کا مکمل اختیار حاصل ہوگا۔ محکمہ تعلیم کے زیر انتظام سکولوں میں فرنیچر اور دیگر سامان کی فراہمی کے لیے اشتہار ہذا کے ذریعے مہر بند ٹینڈرز طلب کیے جاتے ہیں۔ ٹینڈرز مقررہ تاریخ کو حاضر ٹھیکیداران کی موجودگی میں کھولے جائیں گے۔ آزاد حکومت ریاست جموں و کشمیر کے محکمہ جات کی جانب سے اطلاع دی جاتی ہے کہ مذکورہ کام کے لیے خواہشمند فرمز اور ٹھیکیداران سے مہر بند ٹینڈرز طلب کیے جاتے ہیں۔ ٹینڈر فارم دفتر ہذا سے مقررہ فیس ادا کر کے حاصل کیے جا سکتے ہیں اور مقررہ تاریخ تک دفتر میں جمع کروائے جائیں گے۔ محکمہ تعمیرات عامہ ضلع مظفرآباد کی جانب سے سڑکوں کی مرمت اور پختگی کے کام کے لیے تخمینہ لاگت 2005 کے تحت منظور شدہ نرخ کے مطابق پیشکش طلب کی جاتی ہے۔ ٹینڈر جمع کروانے کی آخری تاریخ 24-09-2025 مقرر کی گئی ہے اور اسی روز کھولے جائیں گے۔ اطلاع عام کے ذریعے مطلع کیا جاتا ہے کہ سائل نے عدالت ہذا میں درخواست دائر کی ہے جس کی سماعت مقرر کی گئی ہے۔ جملہ متعلقین کو ہدایت کی جاتی ہے کہ تاریخ پیشی پر حاضر عدالت ہو کر اپنا موقف پیش کریں بصورت دیگر کارروائی یکطرفہ عمل میں لائی جائے گی۔ محکمہ برقیات کی جانب سے بجلی کی ترسیلی لائنوں کی تنصیب کے لیے مطلوبہ سامان کی فراہمی کے لیے رجسٹرڈ فرمز سے کوٹیشن طلب کی جاتی ہے۔ ٹینڈر فیس 1,500 روپے اور زر ضمانت 2 فیصد مقرر ہے۔ نامکمل یا مشروط ٹینڈر قابل قبول نہ ہوں گے۔ ڈسٹرکٹ ہیلتھ آفیسر کی جانب سے ادویات اور طبی آلات کی خریداری کے لیے خواہشمند کمپنیوں سے پیشکش طلب کی جاتی ہے۔ مجاز اتھارٹی کو کوئی بھی یا تمام ٹینڈرز بغیر وجہ بتائے مسترد کرنے کا مکمل اختیار حاصل ہوگا۔ محکمہ تعلیم کے زیر انتظام سکولوں میں فرنیچر اور دیگر سامان کی فراہمی کے لیے اشتہار ہذا کے ذریعے مہر بند ٹینڈرز طلب کیے جاتے ہیں۔ ٹینڈرز مقررہ تاریخ کو حاضر ٹھیکیداران کی موجودگی میں کھولے جائیں گے۔ آزاد حکومت ریاست جموں و کشمیر کے محکمہ جات کی جانب سے اطلاع دی جاتی ہے کہ مذکورہ کام کے لیے خواہشمند فرمز اور ٹھیکیداران سے مہر بند ٹینڈرز طلب کیے جاتے ہیں۔ ٹینڈر فارم دفتر ہذا سے مقررہ فیس ادا کر کے حاصل کیے جا سکتے ہیں اور مقررہ تاریخ تک دفتر میں جمع کروائے جائیں گے۔ محکمہ تعمیرات عامہ ضلع مظفرآباد کی جانب سے سڑکوں کی مرمت اور پختگی کے کام کے لیے تخمینہ لاگت 2005 کے تحت منظور شدہ نرخ کے مطابق پیشکش طلب کی جاتی ہے۔ ٹینڈر جمع کروانے کی آخری تاریخ 24-09-2025 مقرر کی گئی ہے اور اسی روز کھولے جائیں گے۔ اطلاع عام کے ذریعے مطلع کیا جاتا ہے کہ سائل نے عدالت ہذا میں درخواست دائر کی ہے جس کی سماعت مقرر کی گئی ہے۔ جملہ متعلقین کو ہدایت کی جاتی ہے کہ تاریخ پیشی پر حاضر عدالت ہو کر اپنا موقف پیش کریں بصورت دیگر کارروائی یکطرفہ عمل میں لائی جائے گی۔ محکمہ برقیات کی جانب سے بجلی کی ترسیلی لائنوں کی تنصیب کے لیے مطلوبہ سامان کی فراہمی کے لیے رجسٹرڈ فرمز سے کوٹیشن طلب کی جاتی ہے۔ ٹینڈر فیس 1,500 روپے اور زر ضمانت 2 فیصد مقرر ہے۔ نامکمل یا مشروط ٹینڈر قابل قبول نہ ہوں گے۔
ڈسٹرکٹ ہیلتھ آفیسر کی جانب سے ادویات اور طبی آلات کی خریداری کے لیے خواہشمند کمپنیوں سے پیشکش طلب کی جاتی ہے۔ مجاز اتھارٹی کو کوئی بھی یا تمام ٹینڈرز بغیر وجہ بتائے مسترد کرنے کا مکمل اختیار حاصل ہوگا۔ محکمہ تعلیم کے زیر انتظام سکولوں میں فرنیچر اور دیگر سامان کی فراہمی کے لیے اشتہار ہذا کے ذریعے مہر بند ٹینڈرز طلب کیے جاتے ہیں۔ ٹینڈرز مقررہ تاریخ کو حاضر ٹھیکیداران کی موجودگی میں کھولے جائیں گے۔
58 ☆ جموں و کشمیر ٹائمز ☆ ج
آزاد حکومت ریاست جموں و کشمیر کے محکمہ جات کی جانب سے اطلاع دی جاتی ہے کہ مذکورہ کام کے لیے خواہشمند فرمز اور ٹھیکیداران سے مہر بند ٹینڈرز طلب کیے جاتے ہیں۔ ٹینڈر فارم دفتر ہذا سے مقررہ فیس ادا کر کے حاصل کیے جا سکتے ہیں اور مقررہ تاریخ تک دفتر میں جمع کروائے جائیں گے۔ محکمہ تعمیرات عامہ ضلع مظفرآباد کی جانب سے سڑکوں کی مرمت اور پختگی کے کام کے لیے تخمینہ لاگت 2005 کے تحت منظور شدہ نرخ کے مطابق پیشکش طلب کی جاتی ہے۔ ٹینڈر جمع کروانے کی آخری تاریخ 24-09-2025 مقرر کی گئی ہے اور اسی روز کھولے جائیں گے۔ اطلاع عام کے ذریعے مطلع کیا جاتا ہے کہ سائل نے عدالت ہذا میں درخواست دائر کی ہے جس کی سماعت مقرر کی گئی ہے۔ جملہ متعلقین کو ہدایت کی جاتی ہے کہ تاریخ پیشی پر حاضر عدالت ہو کر اپنا موقف پیش کریں بصورت دیگر کارروائی یکطرفہ عمل میں لائی جائے گی۔
59 ☆ جموں و کشمیر ٹائمز ☆ ج
محکمہ برقیات کی جانب سے بجلی کی ترسیلی لائنوں کی تنصیب کے لیے مطلوبہ سامان کی فراہمی کے لیے رجسٹرڈ فرمز سے کوٹیشن طلب کی جاتی ہے۔ ٹینڈر فیس 1,500 روپے اور زر ضمانت 2 فیصد مقرر ہے۔ نامکمل یا مشروط ٹینڈر قابل قبول نہ ہوں گے۔ ڈسٹرکٹ ہیلتھ آفیسر کی جانب سے ادویات اور طبی آلات کی خریداری کے لیے خواہشمند کمپنیوں سے پیشکش طلب کی جاتی ہے۔ مجاز اتھارٹی کو کوئی بھی یا تمام ٹینڈرز بغیر وجہ بتائے مسترد کرنے کا مکمل اختیار حاصل ہوگا۔ محکمہ تعلیم کے زیر انتظام سکولوں میں فرنیچر اور دیگر سامان کی فراہمی کے لیے اشتہار ہذا کے ذریعے مہر بند ٹینڈرز طلب کیے جاتے ہیں۔ ٹینڈرز مقررہ تاریخ کو حاضر ٹھیکیداران کی موجودگی میں کھولے جائیں گے۔
60 ☆ جموں و کشمیر ٹائمز ☆ ج
آزاد حکومت ریاست جموں و کشمیر کے محکمہ جات کی جانب سے اطلاع دی جاتی ہے کہ مذکورہ کام کے لیے خواہشمند فرمز اور ٹھیکیداران سے مہر بند ٹینڈرز طلب کیے جاتے ہیں۔ ٹینڈر فارم دفتر ہذا سے مقررہ فیس ادا کر کے حاصل کیے جا سکتے ہیں اور مقررہ تاریخ تک دفتر میں جمع کروائے جائیں گے۔ محکمہ تعمیرات عامہ ضلع مظفرآباد کی جانب سے سڑکوں کی مرمت اور پختگی کے کام کے لیے تخمینہ لاگت 2005 کے تحت منظور شدہ نرخ کے مطابق پیشکش طلب کی جاتی ہے۔ ٹینڈر جمع کروانے کی آخری تاریخ 24-09-2025 مقرر کی گئی ہے اور اسی روز کھولے جائیں گے۔ اطلاع عام کے ذریعے مطلع کیا جاتا ہے کہ سائل نے عدالت ہذا میں درخواست دائر کی ہے جس کی سماعت مقرر کی گئی ہے۔ جملہ متعلقین کو ہدایت کی جاتی ہے کہ تاریخ پیشی پر حاضر عدالت ہو کر اپنا موقف پیش کریں بصورت دیگر کارروائی یکطرفہ عمل میں لائی جائے گی۔
61 ☆ جموں و کشمیر ٹائمز ☆ ج
محکمہ برقیات کی جانب سے بجلی کی ترسیلی لائنوں کی تنصیب کے لیے مطلوبہ سامان کی فراہمی کے لیے رجسٹرڈ فرمز سے کوٹیشن طلب کی جاتی ہے۔ ٹینڈر فیس 1,500 روپے اور زر ضمانت 2 فیصد مقرر ہے۔ نامکمل یا مشروط ٹینڈر قابل قبول نہ ہوں گے۔ ڈسٹرکٹ ہیلتھ آفیسر کی جانب سے ادویات اور طبی آلات کی خریداری کے لیے خواہشمند کمپنیوں سے پیشکش طلب کی جاتی ہے۔ مجاز اتھارٹی کو کوئی بھی یا تمام ٹینڈرز بغیر وجہ بتائے مسترد کرنے کا مکمل اختیار حاصل ہوگا۔ محکمہ تعلیم کے زیر انتظام سکولوں میں فرنیچر اور دیگر سامان کی فراہمی کے لیے اشتہار ہذا کے ذریعے مہر بند ٹینڈرز طلب کیے جاتے ہیں۔ ٹینڈرز مقررہ تاریخ کو حاضر ٹھیکیداران کی موجودگی میں کھولے جائیں گے۔
62 ☆ جموں و کشمیر ٹائمز ☆ ج
آزاد حکومت ریاست جموں و کشمیر کے محکمہ جات کی جانب سے اطلاع دی جاتی ہے کہ مذکورہ کام کے لیے خواہشمند فرمز اور ٹھیکیداران سے مہر بند ٹینڈرز طلب کیے جاتے ہیں۔ ٹینڈر فارم دفتر ہذا سے مقررہ فیس ادا کر کے حاصل کیے جا سکتے ہیں اور مقررہ تاریخ تک دفتر میں جمع کروائے جائیں گے۔ محکمہ تعمیرات عامہ ضلع مظفرآباد کی جانب سے سڑکوں کی مرمت اور پختگی کے کام کے لیے تخمینہ لاگت 2005 کے تحت منظور شدہ نرخ کے مطابق پیشکش طلب کی جاتی ہے۔ ٹینڈر جمع کروانے کی آخری تاریخ 24-09-2025 مقرر کی گئی ہے اور اسی روز کھولے جائیں گے۔ اطلاع عام کے ذریعے مطلع کیا جاتا ہے کہ سائل نے عدالت ہذا میں درخواست دائر کی ہے جس کی سماعت مقرر کی گئی ہے۔ جملہ متعلقین کو ہدایت کی جاتی ہے کہ تاریخ پیشی پر حاضر عدالت ہو کر اپنا موقف پیش کریں بصورت دیگر کارروائی یکطرفہ عمل میں لائی جائے گی۔
63 ☆ جموں و کشمیر ٹائمز ☆ ج
محکمہ برقیات کی جانب سے بجلی کی ترسیلی لائنوں کی تنصیب کے لیے مطلوبہ سامان کی فراہمی کے لیے رجسٹرڈ فرمز سے کوٹیشن طلب کی جاتی ہے۔ ٹینڈر فیس 1,500 روپے اور زر ضمانت 2 فیصد مقرر ہے۔ نامکمل یا مشروط ٹینڈر قابل قبول نہ ہوں گے۔ ڈسٹرکٹ ہیلتھ آفیسر کی جانب سے ادویات اور طبی آلات کی خریداری کے لیے خواہشمند کمپنیوں سے پیشکش طلب کی جاتی ہے۔ مجاز اتھارٹی کو کوئی بھی یا تمام ٹینڈرز بغیر وجہ بتائے مسترد کرنے کا مکمل اختیار حاصل ہوگا۔ محکمہ تعلیم کے زیر انتظام سکولوں میں فرنیچر اور دیگر سامان کی فراہمی کے لیے اشتہار ہذا کے ذریعے مہر بند ٹینڈرز طلب کیے جاتے ہیں۔ ٹینڈرز مقررہ تاریخ کو حاضر ٹھیکیداران کی موجودگی میں کھولے جائیں گے۔
64 ☆ جموں و کشمیر ٹائمز ☆ ج
آزاد حکومت ریاست جموں و کشمیر کے محکمہ جات کی جانب سے اطلاع دی جاتی ہے کہ مذکورہ کام کے لیے خواہشمند فرمز اور ٹھیکیداران سے مہر بند ٹینڈرز طلب کیے جاتے ہیں۔ ٹینڈر فارم دفتر ہذا سے مقررہ فیس ادا کر کے حاصل کیے جا سکتے ہیں اور مقررہ تاریخ تک دفتر میں جمع کروائے جائیں گے۔ محکمہ تعمیرات عامہ ضلع مظفرآباد کی جانب سے سڑکوں کی مرمت اور پختگی کے کام کے لیے تخمینہ لاگت 2005 کے تحت منظور شدہ نرخ کے مطابق پیشکش طلب کی جاتی ہے۔ ٹینڈر جمع کروانے کی آخری تاریخ 24-09-2025 مقرر کی گئی ہے اور اسی روز کھولے جائیں گے۔ اطلاع عام کے ذریعے مطلع کیا جاتا ہے کہ سائل نے عدالت ہذا میں درخواست دائر کی ہے جس کی سماعت مقرر کی گئی ہے۔ جملہ متعلقین کو ہدایت کی جاتی ہے کہ تاریخ پیشی پر حاضر عدالت ہو کر اپنا موقف پیش کریں بصورت دیگر کارروائی یکطرفہ عمل میں لائی جائے گی۔
65 ☆ جموں و کشمیر ٹائمز ☆ ج
محکمہ برقیات کی جانب سے بجلی کی ترسیلی لائنوں کی تنصیب کے لیے مطلوبہ سامان کی فراہمی کے لیے رجسٹرڈ فرمز سے کوٹیشن طلب کی جاتی ہے۔ ٹینڈر فیس 1,500 روپے اور زر ضمانت 2 فیصد مقرر ہے۔ نامکمل یا مشروط ٹینڈر قابل قبول نہ ہوں گے۔ ڈسٹرکٹ ہیلتھ آفیسر کی جانب سے ادویات اور طبی آلات کی خریداری کے لیے خواہشمند کمپنیوں سے پیشکش طلب کی جاتی ہے۔ مجاز اتھارٹی کو کوئی بھی یا تمام ٹینڈرز بغیر وجہ بتائے مسترد کرنے کا مکمل اختیار حاصل ہوگا۔ محکمہ تعلیم کے زیر انتظام سکولوں میں فرنیچر اور دیگر سامان کی فراہمی کے لیے اشتہار ہذا کے ذریعے مہر بند ٹینڈرز طلب کیے جاتے ہیں۔ ٹینڈرز مقررہ تاریخ کو حاضر ٹھیکیداران کی موجودگی میں کھولے جائیں گے۔
66 ☆ جموں و کشمیر ٹائمز ☆ ج
آزاد حکومت ریاست جموں و کشمیر کے محکمہ جات کی جانب سے اطلاع دی جاتی ہے کہ مذکورہ کام کے لیے خواہشمند فرمز اور ٹھیکیداران سے مہر بند ٹینڈرز طلب کیے جاتے ہیں۔ ٹینڈر فارم دفتر ہذا سے مقررہ فیس ادا کر کے حاصل کیے جا سکتے ہیں اور مقررہ تاریخ تک دفتر میں جمع کروائے جائیں گے۔ محکمہ تعمیرات عامہ ضلع مظفرآباد کی جانب سے سڑکوں کی مرمت اور پختگی کے کام کے لیے تخمینہ لاگت 2005 کے تحت منظور شدہ نرخ کے مطابق پیشکش طلب کی جاتی ہے۔ ٹینڈر جمع کروانے کی آخری تاریخ 24-09-2025 مقرر کی گئی ہے اور اسی روز کھولے جائیں گے۔ اطلاع عام کے ذریعے مطلع کیا جاتا ہے کہ سائل نے عدالت ہذا میں درخواست دائر کی ہے جس کی سماعت مقرر کی گئی ہے۔ جملہ متعلقین کو ہدایت کی جاتی ہے کہ تاریخ پیشی پر حاضر عدالت ہو کر اپنا موقف پیش کریں بصورت دیگر کارروائی یکطرفہ عمل میں لائی جائے گی۔
محکمہ برقیات کی جانب سے بجلی کی ترسیلی لائنوں کی تنصیب کے لیے مطلوبہ سامان کی فراہمی کے لیے رجسٹرڈ فرمز سے کوٹیشن طلب کی جاتی ہے۔ ٹینڈر فیس 1,500 روپے اور زر ضمانت 2 فیصد مقرر ہے۔ نامکمل یا مشروط ٹینڈر قابل قبول نہ ہوں گے۔ ڈسٹرکٹ ہیلتھ آفیسر کی جانب سے ادویات اور طبی آلات کی خریداری کے لیے خواہشمند کمپنیوں سے پیشکش طلب کی جاتی ہے۔ مجاز اتھارٹی کو کوئی بھی یا تمام ٹینڈرز بغیر وجہ بتائے مسترد کرنے کا مکمل اختیار حاصل ہوگا۔ محکمہ تعلیم کے زیر انتظام سکولوں میں فرنیچر اور دیگر سامان کی فراہمی کے لیے اشتہار ہذا کے ذریعے مہر بند ٹینڈرز طلب کیے جاتے ہیں۔ ٹینڈرز مقررہ تاریخ کو حاضر ٹھیکیداران کی موجودگی میں کھولے جائیں گے۔ آزاد حکومت ریاست جموں و کشمیر کے محکمہ جات کی جانب سے اطلاع دی جاتی ہے کہ مذکورہ کام کے لیے خواہشمند فرمز اور ٹھیکیداران سے مہر بند ٹینڈرز طلب کیے جاتے ہیں۔ ٹینڈر فارم دفتر ہذا سے مقررہ فیس ادا کر کے حاصل کیے جا سکتے ہیں اور مقررہ تاریخ تک دفتر میں جمع کروائے جائیں گے۔ محکمہ تعمیرات عامہ ضلع مظفرآباد کی جانب سے سڑکوں کی مرمت اور پختگی کے کام کے لیے تخمینہ لاگت 2005 کے تحت منظور شدہ نرخ کے مطابق پیشکش طلب کی جاتی ہے۔ ٹینڈر جمع کروانے کی آخری تاریخ 24-09-2025 مقرر کی گئی ہے اور اسی روز کھولے جائیں گے۔ اطلاع عام کے ذریعے مطلع کیا جاتا ہے کہ سائل نے عدالت ہذا میں درخواست دائر کی ہے جس کی سماعت مقرر کی گئی ہے۔ جملہ متعلقین کو ہدایت کی جاتی ہے کہ تاریخ پیشی پر حاضر عدالت ہو کر اپنا موقف پیش کریں بصورت دیگر کارروائی یکطرفہ عمل میں لائی جائے گی۔ محکمہ برقیات کی جانب سے بجلی کی ترسیلی لائنوں کی تنصیب کے لیے مطلوبہ سامان کی فراہمی کے لیے رجسٹرڈ فرمز سے کوٹیشن طلب کی جاتی ہے۔ ٹینڈر فیس 1,500 روپے اور زر ضمانت 2 فیصد مقرر ہے۔ نامکمل یا مشروط ٹینڈر قابل قبول نہ ہوں گے۔ ڈسٹرکٹ ہیلتھ آفیسر کی جانب سے ادویات اور طبی آلات کی خریداری کے لیے خواہشمند کمپنیوں سے پیشکش طلب کی جاتی ہے۔ مجاز اتھارٹی کو کوئی بھی یا تمام ٹینڈرز بغیر وجہ بتائے مسترد کرنے کا مکمل اختیار حاصل ہوگا۔ محکمہ تعلیم کے زیر انتظام سکولوں میں فرنیچر اور دیگر سامان کی فراہمی کے لیے اشتہار ہذا کے ذریعے مہر بند ٹینڈرز طلب کیے جاتے ہیں۔ ٹینڈرز مقررہ تاریخ کو حاضر ٹھیکیداران کی موجودگی میں کھولے جائیں گے۔ آزاد حکومت ریاست جموں و کشمیر کے محکمہ جات کی جانب سے اطلاع دی جاتی ہے کہ مذکورہ کام کے لیے خواہشمند فرمز اور ٹھیکیداران سے مہر بند ٹینڈرز طلب کیے جاتے ہیں۔ ٹینڈر فارم دفتر ہذا سے مقررہ فیس ادا کر کے حاصل کیے جا سکتے ہیں اور مقررہ تاریخ تک دفتر میں جمع کروائے جائیں گے۔ محکمہ تعمیرات عامہ ضلع مظفرآباد کی جانب سے سڑکوں کی مرمت اور پختگی کے کام کے لیے تخمینہ لاگت 2005 کے تحت منظور شدہ نرخ کے مطابق پیشکش طلب کی جاتی ہے۔ ٹینڈر جمع کروانے کی آخری تاریخ 24-09-2025 مقرر کی گئی ہے اور اسی روز کھولے جائیں گے۔ اطلاع عام کے ذریعے مطلع کیا جاتا ہے کہ سائل نے عدالت ہذا میں درخواست دائر کی ہے جس کی سماعت مقرر کی گئی ہے۔ جملہ متعلقین کو ہدایت کی جاتی ہے کہ تاریخ پیشی پر حاضر عدالت ہو کر اپنا موقف پیش کریں بصورت دیگر کارروائی یکطرفہ عمل میں لائی جائے گی۔
محکمہ برقیات کی جانب سے بجلی کی ترسیلی لائنوں کی تنصیب کے لیے مطلوبہ سامان کی فراہمی کے لیے رجسٹرڈ فرمز سے کوٹیشن طلب کی جاتی ہے۔ ٹینڈر فیس 1,500 روپے اور زر ضمانت 2 فیصد مقرر ہے۔ نامکمل یا مشروط ٹینڈر قابل قبول نہ ہوں گے۔ ڈسٹرکٹ ہیلتھ آفیسر کی جانب سے ادویات اور طبی آلات کی خریداری کے لیے خواہشمند کمپنیوں سے پیشکش طلب کی جاتی ہے۔ مجاز اتھارٹی کو کوئی بھی یا تمام ٹینڈرز بغیر وجہ بتائے مسترد کرنے کا مکمل اختیار حاصل ہوگا۔
67 ☆ جموں و کشمیر ٹائمز ☆ ج
محکمہ تعلیم کے زیر انتظام سکولوں میں فرنیچر اور دیگر سامان کی فراہمی کے لیے اشتہار ہذا کے ذریعے مہر بند ٹینڈرز طلب کیے جاتے ہیں۔ ٹینڈرز مقررہ تاریخ کو حاضر ٹھیکیداران کی موجودگی میں کھولے جائیں گے۔ آزاد حکومت ریاست جموں و کشمیر کے محکمہ جات کی جانب سے اطلاع دی جاتی ہے کہ مذکورہ کام کے لیے خواہشمند فرمز اور ٹھیکیداران سے مہر بند ٹینڈرز طلب کیے جاتے ہیں۔ ٹینڈر فارم دفتر ہذا سے مقررہ فیس ادا کر کے حاصل کیے جا سکتے ہیں اور مقررہ تاریخ تک دفتر میں جمع کروائے جائیں گے۔ محکمہ تعمیرات عامہ ضلع مظفرآباد کی جانب سے سڑکوں کی مرمت اور پختگی کے کام کے لیے تخمینہ لاگت 2005 کے تحت منظور شدہ نرخ کے مطابق پیشکش طلب کی جاتی ہے۔ ٹینڈر جمع کروانے کی آخری تاریخ 24-09-2025 مقرر کی گئی ہے اور اسی روز کھولے جائیں گے۔
68 ☆ جموں و کشمیر ٹائمز ☆ ج
اطلاع عام کے ذریعے مطلع کیا جاتا ہے کہ سائل نے عدالت ہذا میں درخواست دائر کی ہے جس کی سماعت مقرر کی گئی ہے۔ جملہ متعلقین کو ہدایت کی جاتی ہے کہ تاریخ پیشی پر حاضر عدالت ہو کر اپنا موقف پیش کریں بصورت دیگر کارروائی یکطرفہ عمل میں لائی جائے گی۔ محکمہ برقیات کی جانب سے بجلی کی ترسیلی لائنوں کی تنصیب کے لیے مطلوبہ سامان کی فراہمی کے لیے رجسٹرڈ فرمز سے کوٹیشن طلب کی جاتی ہے۔ ٹینڈر فیس 1,500 روپے اور زر ضمانت 2 فیصد مقرر ہے۔ نامکمل یا مشروط ٹینڈر قابل قبول نہ ہوں گے۔ ڈسٹرکٹ ہیلتھ آفیسر کی جانب سے ادویات اور طبی آلات کی خریداری کے لیے خواہشمند کمپنیوں سے پیشکش طلب کی جاتی ہے۔ مجاز اتھارٹی کو کوئی بھی یا تمام ٹینڈرز بغیر وجہ بتائے مسترد کرنے کا مکمل اختیار حاصل ہوگا۔
69 ☆ جموں و کشمیر ٹائمز ☆ ج
محکمہ تعلیم کے زیر انتظام سکولوں میں فرنیچر اور دیگر سامان کی فراہمی کے لیے اشتہار ہذا کے ذریعے مہر بند ٹینڈرز طلب کیے جاتے ہیں۔ ٹینڈرز مقررہ تاریخ کو حاضر ٹھیکیداران کی موجودگی میں کھولے جائیں گے۔ آزاد حکومت ریاست جموں و کشمیر کے محکمہ جات کی جانب سے اطلاع دی جاتی ہے کہ مذکورہ کام کے لیے خواہشمند فرمز اور ٹھیکیداران سے مہر بند ٹینڈرز طلب کیے جاتے ہیں۔ ٹینڈر فارم دفتر ہذا سے مقررہ فیس ادا کر کے حاصل کیے جا سکتے ہیں اور مقررہ تاریخ تک دفتر میں جمع کروائے جائیں گے۔ محکمہ تعمیرات عامہ ضلع مظفرآباد کی جانب سے سڑکوں کی مرمت اور پختگی کے کام کے لیے تخمینہ لاگت 2005 کے تحت منظور شدہ نرخ کے مطابق پیشکش طلب کی جاتی ہے۔ ٹینڈر جمع کروانے کی آخری تاریخ 24-09-2025 مقرر کی گئی ہے اور اسی روز کھولے جائیں گے۔
70 ☆ جموں و کشمیر ٹائمز ☆ ج
اطلاع عام کے ذریعے مطلع کیا جاتا ہے کہ سائل نے عدالت ہذا میں درخواست دائر کی ہے جس کی سماعت مقرر کی گئی ہے۔ جملہ متعلقین کو ہدایت کی جاتی ہے کہ تاریخ پیشی پر حاضر عدالت ہو کر اپنا موقف پیش کریں بصورت دیگر کارروائی یکطرفہ عمل میں لائی جائے گی۔ محکمہ برقیات کی جانب سے بجلی کی ترسیلی لائنوں کی تنصیب کے لیے مطلوبہ سامان کی فراہمی کے لیے رجسٹرڈ فرمز سے کوٹیشن طلب کی جاتی ہے۔ ٹینڈر فیس 1,500 روپے اور زر ضمانت 2 فیصد مقرر ہے۔ نامکمل یا مشروط ٹینڈر قابل قبول نہ ہوں گے۔ ڈسٹرکٹ ہیلتھ آفیسر کی جانب سے ادویات اور طبی آلات کی خریداری کے لیے خواہشمند کمپنیوں سے پیشکش طلب کی جاتی ہے۔ مجاز اتھارٹی کو کوئی بھی یا تمام ٹینڈرز بغیر وجہ بتائے مسترد کرنے کا مکمل اختیار حاصل ہوگا۔
71 ☆ جموں و کشمیر ٹائمز ☆ ج
محکمہ تعلیم کے زیر انتظام سکولوں میں فرنیچر اور دیگر سامان کی فراہمی کے لیے اشتہار ہذا کے ذریعے مہر بند ٹینڈرز طلب کیے جاتے ہیں۔ ٹینڈرز مقررہ تاریخ کو حاضر ٹھیکیداران کی موجودگی میں کھولے جائیں گے۔ آزاد حکومت ریاست جموں و کشمیر کے محکمہ جات کی جانب سے اطلاع دی جاتی ہے کہ مذکورہ کام کے لیے خواہشمند فرمز اور ٹھیکیداران سے مہر بند ٹینڈرز طلب کیے جاتے ہیں۔ ٹینڈر فارم دفتر ہذا سے مقررہ فیس ادا کر کے حاصل کیے جا سکتے ہیں اور مقررہ تاریخ تک دفتر میں جمع کروائے جائیں گے۔ محکمہ تعمیرات عامہ ضلع مظفرآباد کی جانب سے سڑکوں کی مرمت اور پختگی کے کام کے لیے تخمینہ لاگت 2005 کے تحت منظور شدہ نرخ کے مطابق پیشکش طلب کی جاتی ہے۔ ٹینڈر جمع کروانے کی آخری تاریخ 24-09-2025 مقرر کی گئی ہے اور اسی روز کھولے جائیں گے۔
72 ☆ جموں و کشمیر ٹائمز ☆ ج
اطلاع عام کے ذریعے مطلع کیا جاتا ہے کہ سائل نے عدالت ہذا میں درخواست دائر کی ہے جس کی سماعت مقرر کی گئی ہے۔ جملہ متعلقین کو ہدایت کی جاتی ہے کہ تاریخ پیشی پر حاضر عدالت ہو کر اپنا موقف پیش کریں بصورت دیگر کارروائی یکطرفہ عمل میں لائی جائے گی۔ محکمہ برقیات کی جانب سے بجلی کی ترسیلی لائنوں کی تنصیب کے لیے مطلوبہ سامان کی فراہمی کے لیے رجسٹرڈ فرمز سے کوٹیشن طلب کی جاتی ہے۔ ٹینڈر فیس 1,500 روپے اور زر ضمانت 2 فیصد مقرر ہے۔ نامکمل یا مشروط ٹینڈر قابل قبول نہ ہوں گے۔ ڈسٹرکٹ ہیلتھ آفیسر کی جانب سے ادویات اور طبی آلات کی خریداری کے لیے خواہشمند کمپنیوں سے پیشکش طلب کی جاتی ہے۔ مجاز اتھارٹی کو کوئی بھی یا تمام ٹینڈرز بغیر وجہ بتائے مسترد کرنے کا مکمل اختیار حاصل ہوگا۔
73 ☆ جموں و کشمیر ٹائمز ☆ ج
محکمہ تعلیم کے زیر انتظام سکولوں میں فرنیچر اور دیگر سامان کی فراہمی کے لیے اشتہار ہذا کے ذریعے مہر بند ٹینڈرز طلب کیے جاتے ہیں۔ ٹینڈرز مقررہ تاریخ کو حاضر ٹھیکیداران کی موجودگی میں کھولے جائیں گے۔ آزاد حکومت ریاست جموں و کشمیر کے محکمہ جات کی جانب سے اطلاع دی جاتی ہے کہ مذکورہ کام کے لیے خواہشمند فرمز اور ٹھیکیداران سے مہر بند ٹینڈرز طلب کیے جاتے ہیں۔ ٹینڈر فارم دفتر ہذا سے مقررہ فیس ادا کر کے حاصل کیے جا سکتے ہیں اور مقررہ تاریخ تک دفتر میں جمع کروائے جائیں گے۔ محکمہ تعمیرات عامہ ضلع مظفرآباد کی جانب سے سڑکوں کی مرمت اور پختگی کے کام کے لیے تخمینہ لاگت 2005 کے تحت منظور شدہ نرخ کے مطابق پیشکش طلب کی جاتی ہے۔ ٹینڈر جمع کروانے کی آخری تاریخ 24-09-2025 مقرر کی گئی ہے اور اسی روز کھولے جائیں گے۔
بعدالت تحصیلدار درجہ اول مظفرآباد
اطلاع دی جاتی ہے کہ سائل نے انتقال اراضی کی درستگی کے لیے درخواست گزاری ہے جس کی سماعت 19-09-25 کو مقرر ہے۔ فریقین بروقت حاضر ہوں۔ بصورت دیگر کارروائی یکطرفہ عمل میں لائی جائے گی۔ جاری شد بتاریخ 24/9/2025۔
بعدالت جناب سول جج مظفرآباد
مقدمہ عنوانی بالا میں مسئول علیہ کو بذریعہ اشتہار مطلع کیا جاتا ہے کہ مورخہ مقررہ پر حاضر عدالت ہو کر جواب دعویٰ داخل کرے بصورت دیگر کارروائی یکطرفہ عمل میں لائی جائے گی۔ آج بتاریخ 24/9/2025 میرے دستخط و مہر عدالت سے جاری ہوا۔
اطلاع عام کے ذریعے مطلع کیا جاتا ہے کہ سائل نے عدالت ہذا میں درخواست دائر کی ہے جس کی سماعت مقرر کی گئی ہے۔ جملہ متعلقین کو ہدایت کی جاتی ہے کہ تاریخ پیشی پر حاضر عدالت ہو کر اپنا موقف پیش کریں بصورت دیگر کارروائی یکطرفہ عمل میں لائی جائے گی۔ محکمہ برقیات کی جانب سے بجلی کی ترسیلی لائنوں کی تنصیب کے لیے مطلوبہ سامان کی فراہمی کے لیے رجسٹرڈ فرمز سے کوٹیشن طلب کی جاتی ہے۔ ٹینڈر فیس 1,500 روپے اور زر ضمانت 2 فیصد مقرر ہے۔ نامکمل یا مشروط ٹینڈر قابل قبول نہ ہوں گے۔ ڈسٹرکٹ ہیلتھ آفیسر کی جانب سے ادویات اور طبی آلات کی خریداری کے لیے خواہشمند کمپنیوں سے پیشکش طلب کی جاتی ہے۔ مجاز اتھارٹی کو کوئی بھی یا تمام ٹینڈرز بغیر وجہ بتائے مسترد کرنے کا مکمل اختیار حاصل ہوگا۔ محکمہ تعلیم کے زیر انتظام سکولوں میں فرنیچر اور دیگر سامان کی فراہمی کے لیے اشتہار ہذا کے ذریعے مہر بند ٹینڈرز طلب کیے جاتے ہیں۔ ٹینڈرز مقررہ تاریخ کو حاضر ٹھیکیداران کی موجودگی میں کھولے جائیں گے۔ آزاد حکومت ریاست جموں و کشمیر کے محکمہ جات کی جانب سے اطلاع دی جاتی ہے کہ مذکورہ کام کے لیے خواہشمند فرمز اور ٹھیکیداران سے مہر بند ٹینڈرز طلب کیے جاتے ہیں۔ ٹینڈر فارم دفتر ہذا سے مقررہ فیس ادا کر کے حاصل کیے جا سکتے ہیں اور مقررہ تاریخ تک دفتر میں جمع کروائے جائیں گے۔ محکمہ تعمیرات عامہ ضلع مظفرآباد کی جانب سے سڑکوں کی مرمت اور پختگی کے کام کے لیے تخمینہ لاگت 2005 کے تحت منظور شدہ نرخ کے مطابق پیشکش طلب کی جاتی ہے۔ ٹینڈر جمع کروانے کی آخری تاریخ 24-09-2025 مقرر کی گئی ہے اور اسی روز کھولے جائیں گے۔ اطلاع عام کے ذریعے مطلع کیا جاتا ہے کہ سائل نے عدالت ہذا میں درخواست دائر کی ہے جس کی سماعت مقرر کی گئی ہے۔ جملہ متعلقین کو ہدایت کی جاتی ہے کہ تاریخ پیشی پر حاضر عدالت ہو کر اپنا موقف پیش کریں بصورت دیگر کارروائی یکطرفہ عمل میں لائی جائے گی۔ محکمہ برقیات کی جانب سے بجلی کی ترسیلی لائنوں کی تنصیب کے لیے مطلوبہ سامان کی فراہمی کے لیے رجسٹرڈ فرمز سے کوٹیشن طلب کی جاتی ہے۔ ٹینڈر فیس 1,500 روپے اور زر ضمانت 2 فیصد مقرر ہے۔ نامکمل یا مشروط ٹینڈر قابل قبول نہ ہوں گے۔ ڈسٹرکٹ ہیلتھ آفیسر کی جانب سے ادویات اور طبی آلات کی خریداری کے لیے خواہشمند کمپنیوں سے پیشکش طلب کی جاتی ہے۔ مجاز اتھارٹی کو کوئی بھی یا تمام ٹینڈرز بغیر وجہ بتائے مسترد کرنے کا مکمل اختیار حاصل ہوگا۔ محکمہ تعلیم کے زیر انتظام سکولوں میں فرنیچر اور دیگر سامان کی فراہمی کے لیے اشتہار ہذا کے ذریعے مہر بند ٹینڈرز طلب کیے جاتے ہیں۔ ٹینڈرز مقررہ تاریخ کو حاضر ٹھیکیداران کی موجودگی میں کھولے جائیں گے۔ آزاد حکومت ریاست جموں و کشمیر کے محکمہ جات کی جانب سے اطلاع دی جاتی ہے کہ مذکورہ کام کے لیے خواہشمند فرمز اور ٹھیکیداران سے مہر بند ٹینڈرز طلب کیے جاتے ہیں۔ ٹینڈر فارم دفتر ہذا سے مقررہ فیس ادا کر کے حاصل کیے جا سکتے ہیں اور مقررہ تاریخ تک دفتر میں جمع کروائے جائیں گے۔ محکمہ تعمیرات عامہ ضلع مظفرآباد کی جانب سے سڑکوں کی مرمت اور پختگی کے کام کے لیے تخمینہ لاگت 2005 کے تحت منظور شدہ نرخ کے مطابق پیشکش طلب کی جاتی ہے۔ ٹینڈر جمع کروانے کی آخری تاریخ 24-09-2025 مقرر کی گئی ہے اور اسی روز کھولے جائیں گے۔
